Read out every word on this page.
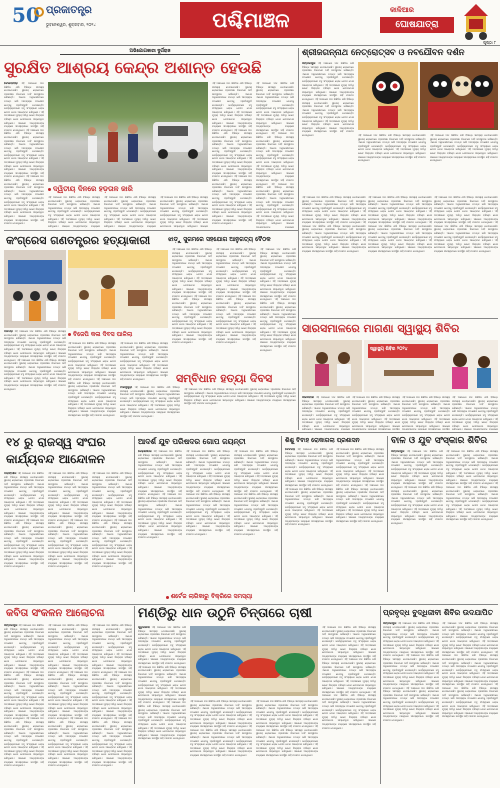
50 ପ୍ରଜାତନ୍ତ୍ର
ଭୁବନେଶ୍ୱର, ଶୁକ୍ରବାର, ୨୦୨୪	ପଶ୍ଚିମାଞ୍ଚଳ	କାଳିଆର
ଘୋଷଯାତ୍ରା
ପୃଷ୍ଠା ୮
ଅଭିଯୋଗକାରୀ ଦୁର୍ଗରାଜ
ସୁରକ୍ଷିତ ଆଶ୍ରୟ କେନ୍ଦ୍ର ଅଶାନ୍ତ ହେଉଛି
ବେଲପାହାଡ଼ ଏହି ଅଞ୍ଚଳରେ ଗତ କିଛିଦିନ ଧରି ବିଭିନ୍ନ ସମସ୍ୟା ଦେଖାଦେଇଛି। ସ୍ଥାନୀୟ ଲୋକମାନେ ପ୍ରଶାସନ ନିକଟରେ ଦାବି ଉପସ୍ଥାପନ କରିଛନ୍ତି। ଏନେଇ ଅଧିକାରୀମାନେ ତଦନ୍ତ କରି ଆବଶ୍ୟକ ପଦକ୍ଷେପ ନେବାକୁ ପ୍ରତିଶ୍ରୁତି ଦେଇଛନ୍ତି। କାର୍ଯ୍ୟକ୍ରମରେ ବହୁ ସଂଖ୍ୟାରେ ଲୋକ ଯୋଗ ଦେଇ ଆଲୋଚନା କରିଥିଲେ। ଏହି ଅବସରରେ ମୁଖ୍ୟ ଅତିଥି ଭାବେ ଜିଲ୍ଲାର ବରିଷ୍ଠ ନେତା ଯୋଗଦେଇ ସମ୍ବୋଧିତ କରିଥିଲେ। ସଭାରେ ଅନ୍ୟମାନଙ୍କ ମଧ୍ୟରେ ସଦସ୍ୟମାନେ ଉପସ୍ଥିତ ରହି ମତାମତ ଦେଇଥିଲେ। ଏହି ଅଞ୍ଚଳରେ ଗତ କିଛିଦିନ ଧରି ବିଭିନ୍ନ ସମସ୍ୟା ଦେଖାଦେଇଛି। ସ୍ଥାନୀୟ ଲୋକମାନେ ପ୍ରଶାସନ ନିକଟରେ ଦାବି ଉପସ୍ଥାପନ କରିଛନ୍ତି। ଏନେଇ ଅଧିକାରୀମାନେ ତଦନ୍ତ କରି ଆବଶ୍ୟକ ପଦକ୍ଷେପ ନେବାକୁ ପ୍ରତିଶ୍ରୁତି ଦେଇଛନ୍ତି। କାର୍ଯ୍ୟକ୍ରମରେ ବହୁ ସଂଖ୍ୟାରେ ଲୋକ ଯୋଗ ଦେଇ ଆଲୋଚନା କରିଥିଲେ। ଏହି ଅବସରରେ ମୁଖ୍ୟ ଅତିଥି ଭାବେ ଜିଲ୍ଲାର ବରିଷ୍ଠ ନେତା ଯୋଗଦେଇ ସମ୍ବୋଧିତ କରିଥିଲେ। ସଭାରେ ଅନ୍ୟମାନଙ୍କ ମଧ୍ୟରେ ସଦସ୍ୟମାନେ ଉପସ୍ଥିତ ରହି ମତାମତ ଦେଇଥିଲେ। ଏହି ଅଞ୍ଚଳରେ ଗତ କିଛିଦିନ ଧରି ବିଭିନ୍ନ ସମସ୍ୟା ଦେଖାଦେଇଛି। ସ୍ଥାନୀୟ ଲୋକମାନେ ପ୍ରଶାସନ ନିକଟରେ ଦାବି ଉପସ୍ଥାପନ କରିଛନ୍ତି। ଏନେଇ ଅଧିକାରୀମାନେ ତଦନ୍ତ କରି ଆବଶ୍ୟକ ପଦକ୍ଷେପ ନେବାକୁ ପ୍ରତିଶ୍ରୁତି ଦେଇଛନ୍ତି। କାର୍ଯ୍ୟକ୍ରମରେ ବହୁ ସଂଖ୍ୟାରେ ଲୋକ ଯୋଗ ଦେଇ ଆଲୋଚନା କରିଥିଲେ। ଏହି ଅବସରରେ ମୁଖ୍ୟ ଅତିଥି ଭାବେ ଜିଲ୍ଲାର ବରିଷ୍ଠ ନେତା ଯୋଗଦେଇ ସମ୍ବୋଧିତ କରିଥିଲେ। ସଭାରେ ଅନ୍ୟମାନଙ୍କ ମଧ୍ୟରେ ସଦସ୍ୟମାନେ ଉପସ୍ଥିତ ରହି ମତାମତ ଦେଇଥିଲେ।
ଦ୍ୱିତୀୟ ଦିନରେ ହଡ଼ତାଳ ଜାରି
ଏହି ଅଞ୍ଚଳରେ ଗତ କିଛିଦିନ ଧରି ବିଭିନ୍ନ ସମସ୍ୟା ଦେଖାଦେଇଛି। ସ୍ଥାନୀୟ ଲୋକମାନେ ପ୍ରଶାସନ ନିକଟରେ ଦାବି ଉପସ୍ଥାପନ କରିଛନ୍ତି। ଏନେଇ ଅଧିକାରୀମାନେ ତଦନ୍ତ କରି ଆବଶ୍ୟକ ପଦକ୍ଷେପ ନେବାକୁ ପ୍ରତିଶ୍ରୁତି ଦେଇଛନ୍ତି। କାର୍ଯ୍ୟକ୍ରମରେ ବହୁ ସଂଖ୍ୟାରେ ଲୋକ ଯୋଗ ଦେଇ ଆଲୋଚନା କରିଥିଲେ। ଏହି ଅବସରରେ ମୁଖ୍ୟ ଅତିଥି ଭାବେ ଜିଲ୍ଲାର ବରିଷ୍ଠ ନେତା ଯୋଗଦେଇ ସମ୍ବୋଧିତ କରିଥିଲେ। ସଭାରେ ଅନ୍ୟମାନଙ୍କ ମଧ୍ୟରେ
ଏହି ଅଞ୍ଚଳରେ ଗତ କିଛିଦିନ ଧରି ବିଭିନ୍ନ ସମସ୍ୟା ଦେଖାଦେଇଛି। ସ୍ଥାନୀୟ ଲୋକମାନେ ପ୍ରଶାସନ ନିକଟରେ ଦାବି ଉପସ୍ଥାପନ କରିଛନ୍ତି। ଏନେଇ ଅଧିକାରୀମାନେ ତଦନ୍ତ କରି ଆବଶ୍ୟକ ପଦକ୍ଷେପ ନେବାକୁ ପ୍ରତିଶ୍ରୁତି ଦେଇଛନ୍ତି। କାର୍ଯ୍ୟକ୍ରମରେ ବହୁ ସଂଖ୍ୟାରେ ଲୋକ ଯୋଗ ଦେଇ ଆଲୋଚନା କରିଥିଲେ। ଏହି ଅବସରରେ ମୁଖ୍ୟ ଅତିଥି ଭାବେ ଜିଲ୍ଲାର ବରିଷ୍ଠ ନେତା ଯୋଗଦେଇ ସମ୍ବୋଧିତ କରିଥିଲେ। ସଭାରେ ଅନ୍ୟମାନଙ୍କ ମଧ୍ୟରେ
ଏହି ଅଞ୍ଚଳରେ ଗତ କିଛିଦିନ ଧରି ବିଭିନ୍ନ ସମସ୍ୟା ଦେଖାଦେଇଛି। ସ୍ଥାନୀୟ ଲୋକମାନେ ପ୍ରଶାସନ ନିକଟରେ ଦାବି ଉପସ୍ଥାପନ କରିଛନ୍ତି। ଏନେଇ ଅଧିକାରୀମାନେ ତଦନ୍ତ କରି ଆବଶ୍ୟକ ପଦକ୍ଷେପ ନେବାକୁ ପ୍ରତିଶ୍ରୁତି ଦେଇଛନ୍ତି। କାର୍ଯ୍ୟକ୍ରମରେ ବହୁ ସଂଖ୍ୟାରେ ଲୋକ ଯୋଗ ଦେଇ ଆଲୋଚନା କରିଥିଲେ। ଏହି ଅବସରରେ ମୁଖ୍ୟ ଅତିଥି ଭାବେ ଜିଲ୍ଲାର ବରିଷ୍ଠ ନେତା ଯୋଗଦେଇ ସମ୍ବୋଧିତ କରିଥିଲେ। ସଭାରେ
ଏହି ଅଞ୍ଚଳରେ ଗତ କିଛିଦିନ ଧରି ବିଭିନ୍ନ ସମସ୍ୟା ଦେଖାଦେଇଛି। ସ୍ଥାନୀୟ ଲୋକମାନେ ପ୍ରଶାସନ ନିକଟରେ ଦାବି ଉପସ୍ଥାପନ କରିଛନ୍ତି। ଏନେଇ ଅଧିକାରୀମାନେ ତଦନ୍ତ କରି ଆବଶ୍ୟକ ପଦକ୍ଷେପ ନେବାକୁ ପ୍ରତିଶ୍ରୁତି ଦେଇଛନ୍ତି। କାର୍ଯ୍ୟକ୍ରମରେ ବହୁ ସଂଖ୍ୟାରେ ଲୋକ ଯୋଗ ଦେଇ ଆଲୋଚନା କରିଥିଲେ। ଏହି ଅବସରରେ ମୁଖ୍ୟ ଅତିଥି ଭାବେ ଜିଲ୍ଲାର ବରିଷ୍ଠ ନେତା ଯୋଗଦେଇ ସମ୍ବୋଧିତ କରିଥିଲେ। ସଭାରେ ଅନ୍ୟମାନଙ୍କ ମଧ୍ୟରେ ସଦସ୍ୟମାନେ ଉପସ୍ଥିତ ରହି ମତାମତ ଦେଇଥିଲେ। ଏହି ଅଞ୍ଚଳରେ ଗତ କିଛିଦିନ ଧରି ବିଭିନ୍ନ ସମସ୍ୟା ଦେଖାଦେଇଛି। ସ୍ଥାନୀୟ ଲୋକମାନେ ପ୍ରଶାସନ ନିକଟରେ ଦାବି ଉପସ୍ଥାପନ କରିଛନ୍ତି। ଏନେଇ ଅଧିକାରୀମାନେ ତଦନ୍ତ କରି ଆବଶ୍ୟକ ପଦକ୍ଷେପ ନେବାକୁ ପ୍ରତିଶ୍ରୁତି ଦେଇଛନ୍ତି। କାର୍ଯ୍ୟକ୍ରମରେ ବହୁ ସଂଖ୍ୟାରେ ଲୋକ ଯୋଗ ଦେଇ ଆଲୋଚନା କରିଥିଲେ। ଏହି ଅବସରରେ ମୁଖ୍ୟ ଅତିଥି ଭାବେ ଜିଲ୍ଲାର ବରିଷ୍ଠ ନେତା ଯୋଗଦେଇ ସମ୍ବୋଧିତ କରିଥିଲେ। ସଭାରେ ଅନ୍ୟମାନଙ୍କ ମଧ୍ୟରେ ସଦସ୍ୟମାନେ ଉପସ୍ଥିତ ରହି ମତାମତ ଦେଇଥିଲେ। ଏହି ଅଞ୍ଚଳରେ ଗତ କିଛିଦିନ ଧରି ବିଭିନ୍ନ ସମସ୍ୟା ଦେଖାଦେଇଛି। ସ୍ଥାନୀୟ ଲୋକମାନେ ପ୍ରଶାସନ ନିକଟରେ ଦାବି ଉପସ୍ଥାପନ କରିଛନ୍ତି। ଏନେଇ ଅଧିକାରୀମାନେ ତଦନ୍ତ କରି ଆବଶ୍ୟକ ପଦକ୍ଷେପ ନେବାକୁ ପ୍ରତିଶ୍ରୁତି ଦେଇଛନ୍ତି। କାର୍ଯ୍ୟକ୍ରମରେ ବହୁ ସଂଖ୍ୟାରେ ଲୋକ ଯୋଗ ଦେଇ ଆଲୋଚନା କରିଥିଲେ। ଏହି ଅବସରରେ ମୁଖ୍ୟ ଅତିଥି ଭାବେ ଜିଲ୍ଲାର ବରିଷ୍ଠ ନେତା ଯୋଗଦେଇ ସମ୍ବୋଧିତ କରିଥିଲେ। ସଭାରେ ଅନ୍ୟମାନଙ୍କ ମଧ୍ୟରେ ସଦସ୍ୟମାନେ ଉପସ୍ଥିତ ରହି ମତାମତ ଦେଇଥିଲେ।
ଏହି ଅଞ୍ଚଳରେ ଗତ କିଛିଦିନ ଧରି ବିଭିନ୍ନ ସମସ୍ୟା ଦେଖାଦେଇଛି। ସ୍ଥାନୀୟ ଲୋକମାନେ ପ୍ରଶାସନ ନିକଟରେ ଦାବି ଉପସ୍ଥାପନ କରିଛନ୍ତି। ଏନେଇ ଅଧିକାରୀମାନେ ତଦନ୍ତ କରି ଆବଶ୍ୟକ ପଦକ୍ଷେପ ନେବାକୁ ପ୍ରତିଶ୍ରୁତି ଦେଇଛନ୍ତି। କାର୍ଯ୍ୟକ୍ରମରେ ବହୁ ସଂଖ୍ୟାରେ ଲୋକ ଯୋଗ ଦେଇ ଆଲୋଚନା କରିଥିଲେ। ଏହି ଅବସରରେ ମୁଖ୍ୟ ଅତିଥି ଭାବେ ଜିଲ୍ଲାର ବରିଷ୍ଠ ନେତା ଯୋଗଦେଇ ସମ୍ବୋଧିତ କରିଥିଲେ। ସଭାରେ ଅନ୍ୟମାନଙ୍କ ମଧ୍ୟରେ ସଦସ୍ୟମାନେ ଉପସ୍ଥିତ ରହି ମତାମତ ଦେଇଥିଲେ। ଏହି ଅଞ୍ଚଳରେ ଗତ କିଛିଦିନ ଧରି ବିଭିନ୍ନ ସମସ୍ୟା ଦେଖାଦେଇଛି। ସ୍ଥାନୀୟ ଲୋକମାନେ ପ୍ରଶାସନ ନିକଟରେ ଦାବି ଉପସ୍ଥାପନ କରିଛନ୍ତି। ଏନେଇ ଅଧିକାରୀମାନେ ତଦନ୍ତ କରି ଆବଶ୍ୟକ ପଦକ୍ଷେପ ନେବାକୁ ପ୍ରତିଶ୍ରୁତି ଦେଇଛନ୍ତି। କାର୍ଯ୍ୟକ୍ରମରେ ବହୁ ସଂଖ୍ୟାରେ ଲୋକ ଯୋଗ ଦେଇ ଆଲୋଚନା କରିଥିଲେ। ଏହି ଅବସରରେ ମୁଖ୍ୟ ଅତିଥି ଭାବେ ଜିଲ୍ଲାର ବରିଷ୍ଠ ନେତା ଯୋଗଦେଇ ସମ୍ବୋଧିତ କରିଥିଲେ। ସଭାରେ ଅନ୍ୟମାନଙ୍କ ମଧ୍ୟରେ ସଦସ୍ୟମାନେ ଉପସ୍ଥିତ ରହି ମତାମତ ଦେଇଥିଲେ। ଏହି ଅଞ୍ଚଳରେ ଗତ କିଛିଦିନ ଧରି ବିଭିନ୍ନ ସମସ୍ୟା ଦେଖାଦେଇଛି। ସ୍ଥାନୀୟ ଲୋକମାନେ ପ୍ରଶାସନ ନିକଟରେ ଦାବି ଉପସ୍ଥାପନ କରିଛନ୍ତି। ଏନେଇ ଅଧିକାରୀମାନେ ତଦନ୍ତ କରି ଆବଶ୍ୟକ ପଦକ୍ଷେପ ନେବାକୁ ପ୍ରତିଶ୍ରୁତି ଦେଇଛନ୍ତି। କାର୍ଯ୍ୟକ୍ରମରେ ବହୁ ସଂଖ୍ୟାରେ ଲୋକ ଯୋଗ ଦେଇ ଆଲୋଚନା କରିଥିଲେ। ଏହି ଅବସରରେ ମୁଖ୍ୟ ଅତିଥି ଭାବେ ଜିଲ୍ଲାର ବରିଷ୍ଠ ନେତା ଯୋଗଦେଇ ସମ୍ବୋଧିତ କରିଥିଲେ। ସଭାରେ ଅନ୍ୟମାନଙ୍କ ମଧ୍ୟରେ
ଶ୍ରୀଜଗନ୍ନାଥ ନେତ୍ରୋତ୍ସବ ଓ ନବଯୌବନ ଦର୍ଶନ
ସମ୍ବଲପୁର ଏହି ଅଞ୍ଚଳରେ ଗତ କିଛିଦିନ ଧରି ବିଭିନ୍ନ ସମସ୍ୟା ଦେଖାଦେଇଛି। ସ୍ଥାନୀୟ ଲୋକମାନେ ପ୍ରଶାସନ ନିକଟରେ ଦାବି ଉପସ୍ଥାପନ କରିଛନ୍ତି। ଏନେଇ ଅଧିକାରୀମାନେ ତଦନ୍ତ କରି ଆବଶ୍ୟକ ପଦକ୍ଷେପ ନେବାକୁ ପ୍ରତିଶ୍ରୁତି ଦେଇଛନ୍ତି। କାର୍ଯ୍ୟକ୍ରମରେ ବହୁ ସଂଖ୍ୟାରେ ଲୋକ ଯୋଗ ଦେଇ ଆଲୋଚନା କରିଥିଲେ। ଏହି ଅବସରରେ ମୁଖ୍ୟ ଅତିଥି ଭାବେ ଜିଲ୍ଲାର ବରିଷ୍ଠ ନେତା ଯୋଗଦେଇ ସମ୍ବୋଧିତ କରିଥିଲେ। ସଭାରେ ଅନ୍ୟମାନଙ୍କ ମଧ୍ୟରେ ସଦସ୍ୟମାନେ ଉପସ୍ଥିତ ରହି ମତାମତ ଦେଇଥିଲେ। ଏହି ଅଞ୍ଚଳରେ ଗତ କିଛିଦିନ ଧରି ବିଭିନ୍ନ ସମସ୍ୟା ଦେଖାଦେଇଛି। ସ୍ଥାନୀୟ ଲୋକମାନେ ପ୍ରଶାସନ ନିକଟରେ ଦାବି ଉପସ୍ଥାପନ କରିଛନ୍ତି। ଏନେଇ ଅଧିକାରୀମାନେ ତଦନ୍ତ କରି ଆବଶ୍ୟକ ପଦକ୍ଷେପ ନେବାକୁ ପ୍ରତିଶ୍ରୁତି ଦେଇଛନ୍ତି। କାର୍ଯ୍ୟକ୍ରମରେ ବହୁ ସଂଖ୍ୟାରେ ଲୋକ ଯୋଗ ଦେଇ ଆଲୋଚନା କରିଥିଲେ। ଏହି ଅବସରରେ ମୁଖ୍ୟ ଅତିଥି ଭାବେ ଜିଲ୍ଲାର ବରିଷ୍ଠ ନେତା ଯୋଗଦେଇ ସମ୍ବୋଧିତ କରିଥିଲେ। ସଭାରେ ଅନ୍ୟମାନଙ୍କ ମଧ୍ୟରେ ସଦସ୍ୟମାନେ ଉପସ୍ଥିତ ରହି ମତାମତ ଦେଇଥିଲେ।	ଏହି ଅଞ୍ଚଳରେ ଗତ କିଛିଦିନ ଧରି ବିଭିନ୍ନ ସମସ୍ୟା ଦେଖାଦେଇଛି। ସ୍ଥାନୀୟ ଲୋକମାନେ ପ୍ରଶାସନ ନିକଟରେ ଦାବି ଉପସ୍ଥାପନ କରିଛନ୍ତି। ଏନେଇ ଅଧିକାରୀମାନେ ତଦନ୍ତ କରି ଆବଶ୍ୟକ ପଦକ୍ଷେପ ନେବାକୁ ପ୍ରତିଶ୍ରୁତି ଦେଇଛନ୍ତି। କାର୍ଯ୍ୟକ୍ରମରେ ବହୁ ସଂଖ୍ୟାରେ ଲୋକ ଯୋଗ ଦେଇ ଆଲୋଚନା କରିଥିଲେ। ଏହି ଅବସରରେ ମୁଖ୍ୟ ଅତିଥି ଭାବେ ଜିଲ୍ଲାର ବରିଷ୍ଠ ନେତା ଯୋଗଦେଇ ସମ୍ବୋଧିତ କରିଥିଲେ। ସଭାରେ ଅନ୍ୟମାନଙ୍କ ମଧ୍ୟରେ ସଦସ୍ୟମାନେ ଉପସ୍ଥିତ ରହି ମତାମତ ଦେଇଥିଲେ।
ଏହି ଅଞ୍ଚଳରେ ଗତ କିଛିଦିନ ଧରି ବିଭିନ୍ନ ସମସ୍ୟା ଦେଖାଦେଇଛି। ସ୍ଥାନୀୟ ଲୋକମାନେ ପ୍ରଶାସନ ନିକଟରେ ଦାବି ଉପସ୍ଥାପନ କରିଛନ୍ତି। ଏନେଇ ଅଧିକାରୀମାନେ ତଦନ୍ତ କରି ଆବଶ୍ୟକ ପଦକ୍ଷେପ ନେବାକୁ ପ୍ରତିଶ୍ରୁତି ଦେଇଛନ୍ତି। କାର୍ଯ୍ୟକ୍ରମରେ ବହୁ ସଂଖ୍ୟାରେ ଲୋକ ଯୋଗ ଦେଇ ଆଲୋଚନା କରିଥିଲେ। ଏହି ଅବସରରେ ମୁଖ୍ୟ ଅତିଥି ଭାବେ ଜିଲ୍ଲାର ବରିଷ୍ଠ ନେତା ଯୋଗଦେଇ ସମ୍ବୋଧିତ କରିଥିଲେ। ସଭାରେ ଅନ୍ୟମାନଙ୍କ ମଧ୍ୟରେ ସଦସ୍ୟମାନେ ଉପସ୍ଥିତ ରହି ମତାମତ ଦେଇଥିଲେ।
ଏହି ଅଞ୍ଚଳରେ ଗତ କିଛିଦିନ ଧରି ବିଭିନ୍ନ ସମସ୍ୟା ଦେଖାଦେଇଛି। ସ୍ଥାନୀୟ ଲୋକମାନେ ପ୍ରଶାସନ ନିକଟରେ ଦାବି ଉପସ୍ଥାପନ କରିଛନ୍ତି। ଏନେଇ ଅଧିକାରୀମାନେ ତଦନ୍ତ କରି ଆବଶ୍ୟକ ପଦକ୍ଷେପ ନେବାକୁ ପ୍ରତିଶ୍ରୁତି ଦେଇଛନ୍ତି। କାର୍ଯ୍ୟକ୍ରମରେ ବହୁ ସଂଖ୍ୟାରେ ଲୋକ ଯୋଗ ଦେଇ ଆଲୋଚନା କରିଥିଲେ। ଏହି ଅବସରରେ ମୁଖ୍ୟ ଅତିଥି ଭାବେ ଜିଲ୍ଲାର ବରିଷ୍ଠ ନେତା ଯୋଗଦେଇ ସମ୍ବୋଧିତ କରିଥିଲେ। ସଭାରେ ଅନ୍ୟମାନଙ୍କ ମଧ୍ୟରେ ସଦସ୍ୟମାନେ ଉପସ୍ଥିତ ରହି ମତାମତ ଦେଇଥିଲେ। ଏହି ଅଞ୍ଚଳରେ ଗତ କିଛିଦିନ ଧରି ବିଭିନ୍ନ ସମସ୍ୟା ଦେଖାଦେଇଛି। ସ୍ଥାନୀୟ ଲୋକମାନେ ପ୍ରଶାସନ ନିକଟରେ ଦାବି ଉପସ୍ଥାପନ କରିଛନ୍ତି। ଏନେଇ ଅଧିକାରୀମାନେ ତଦନ୍ତ କରି ଆବଶ୍ୟକ ପଦକ୍ଷେପ ନେବାକୁ ପ୍ରତିଶ୍ରୁତି ଦେଇଛନ୍ତି। କାର୍ଯ୍ୟକ୍ରମରେ ବହୁ ସଂଖ୍ୟାରେ ଲୋକ ଯୋଗ ଦେଇ ଆଲୋଚନା କରିଥିଲେ। ଏହି ଅବସରରେ ମୁଖ୍ୟ ଅତିଥି ଭାବେ ଜିଲ୍ଲାର ବରିଷ୍ଠ ନେତା ଯୋଗଦେଇ ସମ୍ବୋଧିତ କରିଥିଲେ। ସଭାରେ ଅନ୍ୟମାନଙ୍କ ମଧ୍ୟରେ ସଦସ୍ୟମାନେ ଉପସ୍ଥିତ ରହି ମତାମତ ଦେଇଥିଲେ।
ଏହି ଅଞ୍ଚଳରେ ଗତ କିଛିଦିନ ଧରି ବିଭିନ୍ନ ସମସ୍ୟା ଦେଖାଦେଇଛି। ସ୍ଥାନୀୟ ଲୋକମାନେ ପ୍ରଶାସନ ନିକଟରେ ଦାବି ଉପସ୍ଥାପନ କରିଛନ୍ତି। ଏନେଇ ଅଧିକାରୀମାନେ ତଦନ୍ତ କରି ଆବଶ୍ୟକ ପଦକ୍ଷେପ ନେବାକୁ ପ୍ରତିଶ୍ରୁତି ଦେଇଛନ୍ତି। କାର୍ଯ୍ୟକ୍ରମରେ ବହୁ ସଂଖ୍ୟାରେ ଲୋକ ଯୋଗ ଦେଇ ଆଲୋଚନା କରିଥିଲେ। ଏହି ଅବସରରେ ମୁଖ୍ୟ ଅତିଥି ଭାବେ ଜିଲ୍ଲାର ବରିଷ୍ଠ ନେତା ଯୋଗଦେଇ ସମ୍ବୋଧିତ କରିଥିଲେ। ସଭାରେ ଅନ୍ୟମାନଙ୍କ ମଧ୍ୟରେ ସଦସ୍ୟମାନେ ଉପସ୍ଥିତ ରହି ମତାମତ ଦେଇଥିଲେ। ଏହି ଅଞ୍ଚଳରେ ଗତ କିଛିଦିନ ଧରି ବିଭିନ୍ନ ସମସ୍ୟା ଦେଖାଦେଇଛି। ସ୍ଥାନୀୟ ଲୋକମାନେ ପ୍ରଶାସନ ନିକଟରେ ଦାବି ଉପସ୍ଥାପନ କରିଛନ୍ତି। ଏନେଇ ଅଧିକାରୀମାନେ ତଦନ୍ତ କରି ଆବଶ୍ୟକ ପଦକ୍ଷେପ ନେବାକୁ ପ୍ରତିଶ୍ରୁତି ଦେଇଛନ୍ତି। କାର୍ଯ୍ୟକ୍ରମରେ ବହୁ ସଂଖ୍ୟାରେ ଲୋକ ଯୋଗ ଦେଇ ଆଲୋଚନା କରିଥିଲେ। ଏହି ଅବସରରେ ମୁଖ୍ୟ ଅତିଥି ଭାବେ ଜିଲ୍ଲାର ବରିଷ୍ଠ ନେତା ଯୋଗଦେଇ ସମ୍ବୋଧିତ କରିଥିଲେ। ସଭାରେ ଅନ୍ୟମାନଙ୍କ ମଧ୍ୟରେ ସଦସ୍ୟମାନେ ଉପସ୍ଥିତ ରହି ମତାମତ ଦେଇଥିଲେ।
ଏହି ଅଞ୍ଚଳରେ ଗତ କିଛିଦିନ ଧରି ବିଭିନ୍ନ ସମସ୍ୟା ଦେଖାଦେଇଛି। ସ୍ଥାନୀୟ ଲୋକମାନେ ପ୍ରଶାସନ ନିକଟରେ ଦାବି ଉପସ୍ଥାପନ କରିଛନ୍ତି। ଏନେଇ ଅଧିକାରୀମାନେ ତଦନ୍ତ କରି ଆବଶ୍ୟକ ପଦକ୍ଷେପ ନେବାକୁ ପ୍ରତିଶ୍ରୁତି ଦେଇଛନ୍ତି। କାର୍ଯ୍ୟକ୍ରମରେ ବହୁ ସଂଖ୍ୟାରେ ଲୋକ ଯୋଗ ଦେଇ ଆଲୋଚନା କରିଥିଲେ। ଏହି ଅବସରରେ ମୁଖ୍ୟ ଅତିଥି ଭାବେ ଜିଲ୍ଲାର ବରିଷ୍ଠ ନେତା ଯୋଗଦେଇ ସମ୍ବୋଧିତ କରିଥିଲେ। ସଭାରେ ଅନ୍ୟମାନଙ୍କ ମଧ୍ୟରେ ସଦସ୍ୟମାନେ ଉପସ୍ଥିତ ରହି ମତାମତ ଦେଇଥିଲେ। ଏହି ଅଞ୍ଚଳରେ ଗତ କିଛିଦିନ ଧରି ବିଭିନ୍ନ ସମସ୍ୟା ଦେଖାଦେଇଛି। ସ୍ଥାନୀୟ ଲୋକମାନେ ପ୍ରଶାସନ ନିକଟରେ ଦାବି ଉପସ୍ଥାପନ କରିଛନ୍ତି। ଏନେଇ ଅଧିକାରୀମାନେ ତଦନ୍ତ କରି ଆବଶ୍ୟକ ପଦକ୍ଷେପ ନେବାକୁ ପ୍ରତିଶ୍ରୁତି ଦେଇଛନ୍ତି। କାର୍ଯ୍ୟକ୍ରମରେ ବହୁ ସଂଖ୍ୟାରେ ଲୋକ ଯୋଗ ଦେଇ ଆଲୋଚନା କରିଥିଲେ। ଏହି ଅବସରରେ ମୁଖ୍ୟ ଅତିଥି ଭାବେ ଜିଲ୍ଲାର ବରିଷ୍ଠ ନେତା ଯୋଗଦେଇ ସମ୍ବୋଧିତ କରିଥିଲେ। ସଭାରେ ଅନ୍ୟମାନଙ୍କ ମଧ୍ୟରେ ସଦସ୍ୟମାନେ ଉପସ୍ଥିତ ରହି ମତାମତ ଦେଇଥିଲେ।
କଂଗ୍ରେସ ଗଣତନ୍ତ୍ରର ହତ୍ୟାକାରୀ	ଝାଡ଼ୁ ସୁଗମରେ ସହଯୋଗ ଆନୁଗତ୍ୟ ବୈଠକ
ବିଜେପି କଳା ଦିବସ ପାଳିଲା
ବରଗଡ଼ ଏହି ଅଞ୍ଚଳରେ ଗତ କିଛିଦିନ ଧରି ବିଭିନ୍ନ ସମସ୍ୟା ଦେଖାଦେଇଛି। ସ୍ଥାନୀୟ ଲୋକମାନେ ପ୍ରଶାସନ ନିକଟରେ ଦାବି ଉପସ୍ଥାପନ କରିଛନ୍ତି। ଏନେଇ ଅଧିକାରୀମାନେ ତଦନ୍ତ କରି ଆବଶ୍ୟକ ପଦକ୍ଷେପ ନେବାକୁ ପ୍ରତିଶ୍ରୁତି ଦେଇଛନ୍ତି। କାର୍ଯ୍ୟକ୍ରମରେ ବହୁ ସଂଖ୍ୟାରେ ଲୋକ ଯୋଗ ଦେଇ ଆଲୋଚନା କରିଥିଲେ। ଏହି ଅବସରରେ ମୁଖ୍ୟ ଅତିଥି ଭାବେ ଜିଲ୍ଲାର ବରିଷ୍ଠ ନେତା ଯୋଗଦେଇ ସମ୍ବୋଧିତ କରିଥିଲେ। ସଭାରେ ଅନ୍ୟମାନଙ୍କ ମଧ୍ୟରେ ସଦସ୍ୟମାନେ ଉପସ୍ଥିତ ରହି ମତାମତ ଦେଇଥିଲେ। ଏହି ଅଞ୍ଚଳରେ ଗତ କିଛିଦିନ ଧରି ବିଭିନ୍ନ ସମସ୍ୟା ଦେଖାଦେଇଛି। ସ୍ଥାନୀୟ ଲୋକମାନେ ପ୍ରଶାସନ ନିକଟରେ ଦାବି ଉପସ୍ଥାପନ କରିଛନ୍ତି। ଏନେଇ ଅଧିକାରୀମାନେ ତଦନ୍ତ କରି ଆବଶ୍ୟକ ପଦକ୍ଷେପ ନେବାକୁ ପ୍ରତିଶ୍ରୁତି ଦେଇଛନ୍ତି। କାର୍ଯ୍ୟକ୍ରମରେ ବହୁ ସଂଖ୍ୟାରେ ଲୋକ ଯୋଗ ଦେଇ ଆଲୋଚନା କରିଥିଲେ। ଏହି ଅବସରରେ ମୁଖ୍ୟ ଅତିଥି ଭାବେ ଜିଲ୍ଲାର ବରିଷ୍ଠ ନେତା ଯୋଗଦେଇ ସମ୍ବୋଧିତ କରିଥିଲେ। ସଭାରେ ଅନ୍ୟମାନଙ୍କ ମଧ୍ୟରେ ସଦସ୍ୟମାନେ ଉପସ୍ଥିତ ରହି ମତାମତ ଦେଇଥିଲେ।
ଏହି ଅଞ୍ଚଳରେ ଗତ କିଛିଦିନ ଧରି ବିଭିନ୍ନ ସମସ୍ୟା ଦେଖାଦେଇଛି। ସ୍ଥାନୀୟ ଲୋକମାନେ ପ୍ରଶାସନ ନିକଟରେ ଦାବି ଉପସ୍ଥାପନ କରିଛନ୍ତି। ଏନେଇ ଅଧିକାରୀମାନେ ତଦନ୍ତ କରି ଆବଶ୍ୟକ ପଦକ୍ଷେପ ନେବାକୁ ପ୍ରତିଶ୍ରୁତି ଦେଇଛନ୍ତି। କାର୍ଯ୍ୟକ୍ରମରେ ବହୁ ସଂଖ୍ୟାରେ ଲୋକ ଯୋଗ ଦେଇ ଆଲୋଚନା କରିଥିଲେ। ଏହି ଅବସରରେ ମୁଖ୍ୟ ଅତିଥି ଭାବେ ଜିଲ୍ଲାର ବରିଷ୍ଠ ନେତା ଯୋଗଦେଇ ସମ୍ବୋଧିତ କରିଥିଲେ। ସଭାରେ ଅନ୍ୟମାନଙ୍କ ମଧ୍ୟରେ ସଦସ୍ୟମାନେ ଉପସ୍ଥିତ ରହି ମତାମତ ଦେଇଥିଲେ। ଏହି ଅଞ୍ଚଳରେ ଗତ କିଛିଦିନ ଧରି ବିଭିନ୍ନ ସମସ୍ୟା ଦେଖାଦେଇଛି। ସ୍ଥାନୀୟ ଲୋକମାନେ ପ୍ରଶାସନ ନିକଟରେ ଦାବି ଉପସ୍ଥାପନ କରିଛନ୍ତି। ଏନେଇ ଅଧିକାରୀମାନେ ତଦନ୍ତ କରି ଆବଶ୍ୟକ ପଦକ୍ଷେପ ନେବାକୁ ପ୍ରତିଶ୍ରୁତି ଦେଇଛନ୍ତି। କାର୍ଯ୍ୟକ୍ରମରେ ବହୁ ସଂଖ୍ୟାରେ ଲୋକ ଯୋଗ ଦେଇ ଆଲୋଚନା କରିଥିଲେ। ଏହି ଅବସରରେ ମୁଖ୍ୟ ଅତିଥି ଭାବେ ଜିଲ୍ଲାର ବରିଷ୍ଠ ନେତା ଯୋଗଦେଇ ସମ୍ବୋଧିତ କରିଥିଲେ। ସଭାରେ ଅନ୍ୟମାନଙ୍କ ମଧ୍ୟରେ ସଦସ୍ୟମାନେ ଉପସ୍ଥିତ ରହି ମତାମତ ଦେଇଥିଲେ।
ଏହି ଅଞ୍ଚଳରେ ଗତ କିଛିଦିନ ଧରି ବିଭିନ୍ନ ସମସ୍ୟା ଦେଖାଦେଇଛି। ସ୍ଥାନୀୟ ଲୋକମାନେ ପ୍ରଶାସନ ନିକଟରେ ଦାବି ଉପସ୍ଥାପନ କରିଛନ୍ତି। ଏନେଇ ଅଧିକାରୀମାନେ ତଦନ୍ତ କରି ଆବଶ୍ୟକ ପଦକ୍ଷେପ ନେବାକୁ ପ୍ରତିଶ୍ରୁତି ଦେଇଛନ୍ତି। କାର୍ଯ୍ୟକ୍ରମରେ ବହୁ ସଂଖ୍ୟାରେ ଲୋକ ଯୋଗ ଦେଇ ଆଲୋଚନା କରିଥିଲେ। ଏହି ଅବସରରେ ମୁଖ୍ୟ ଅତିଥି ଭାବେ ଜିଲ୍ଲାର ବରିଷ୍ଠ ନେତା ଯୋଗଦେଇ ସମ୍ବୋଧିତ କରିଥିଲେ। ସଭାରେ ଅନ୍ୟମାନଙ୍କ ମଧ୍ୟରେ ସଦସ୍ୟମାନେ ଉପସ୍ଥିତ ରହି ମତାମତ ଦେଇଥିଲେ।
ଏହି ଅଞ୍ଚଳରେ ଗତ କିଛିଦିନ ଧରି ବିଭିନ୍ନ ସମସ୍ୟା ଦେଖାଦେଇଛି। ସ୍ଥାନୀୟ ଲୋକମାନେ ପ୍ରଶାସନ ନିକଟରେ ଦାବି ଉପସ୍ଥାପନ କରିଛନ୍ତି। ଏନେଇ ଅଧିକାରୀମାନେ ତଦନ୍ତ କରି ଆବଶ୍ୟକ ପଦକ୍ଷେପ ନେବାକୁ ପ୍ରତିଶ୍ରୁତି ଦେଇଛନ୍ତି। କାର୍ଯ୍ୟକ୍ରମରେ ବହୁ ସଂଖ୍ୟାରେ ଲୋକ ଯୋଗ ଦେଇ ଆଲୋଚନା କରିଥିଲେ। ଏହି ଅବସରରେ ମୁଖ୍ୟ ଅତିଥି ଭାବେ ଜିଲ୍ଲାର ବରିଷ୍ଠ ନେତା ଯୋଗଦେଇ ସମ୍ବୋଧିତ କରିଥିଲେ। ସଭାରେ ଅନ୍ୟମାନଙ୍କ ମଧ୍ୟରେ ସଦସ୍ୟମାନେ ଉପସ୍ଥିତ ରହି ମତାମତ ଦେଇଥିଲେ। ଏହି ଅଞ୍ଚଳରେ ଗତ କିଛିଦିନ ଧରି ବିଭିନ୍ନ ସମସ୍ୟା ଦେଖାଦେଇଛି। ସ୍ଥାନୀୟ ଲୋକମାନେ ପ୍ରଶାସନ ନିକଟରେ ଦାବି ଉପସ୍ଥାପନ କରିଛନ୍ତି। ଏନେଇ ଅଧିକାରୀମାନେ ତଦନ୍ତ କରି ଆବଶ୍ୟକ ପଦକ୍ଷେପ ନେବାକୁ ପ୍ରତିଶ୍ରୁତି ଦେଇଛନ୍ତି। କାର୍ଯ୍ୟକ୍ରମରେ ବହୁ ସଂଖ୍ୟାରେ ଲୋକ ଯୋଗ ଦେଇ ଆଲୋଚନା କରିଥିଲେ। ଏହି ଅବସରରେ ମୁଖ୍ୟ ଅତିଥି ଭାବେ ଜିଲ୍ଲାର ବରିଷ୍ଠ ନେତା ଯୋଗଦେଇ ସମ୍ବୋଧିତ କରିଥିଲେ। ସଭାରେ ଅନ୍ୟମାନଙ୍କ ମଧ୍ୟରେ ସଦସ୍ୟମାନେ ଉପସ୍ଥିତ ରହି ମତାମତ ଦେଇଥିଲେ।
ଏହି ଅଞ୍ଚଳରେ ଗତ କିଛିଦିନ ଧରି ବିଭିନ୍ନ ସମସ୍ୟା ଦେଖାଦେଇଛି। ସ୍ଥାନୀୟ ଲୋକମାନେ ପ୍ରଶାସନ ନିକଟରେ ଦାବି ଉପସ୍ଥାପନ କରିଛନ୍ତି। ଏନେଇ ଅଧିକାରୀମାନେ ତଦନ୍ତ କରି ଆବଶ୍ୟକ ପଦକ୍ଷେପ ନେବାକୁ ପ୍ରତିଶ୍ରୁତି ଦେଇଛନ୍ତି। କାର୍ଯ୍ୟକ୍ରମରେ ବହୁ ସଂଖ୍ୟାରେ ଲୋକ ଯୋଗ ଦେଇ ଆଲୋଚନା କରିଥିଲେ। ଏହି ଅବସରରେ ମୁଖ୍ୟ ଅତିଥି ଭାବେ ଜିଲ୍ଲାର ବରିଷ୍ଠ ନେତା ଯୋଗଦେଇ ସମ୍ବୋଧିତ କରିଥିଲେ। ସଭାରେ ଅନ୍ୟମାନଙ୍କ ମଧ୍ୟରେ ସଦସ୍ୟମାନେ ଉପସ୍ଥିତ ରହି ମତାମତ ଦେଇଥିଲେ। ଏହି ଅଞ୍ଚଳରେ ଗତ କିଛିଦିନ ଧରି ବିଭିନ୍ନ ସମସ୍ୟା ଦେଖାଦେଇଛି। ସ୍ଥାନୀୟ ଲୋକମାନେ ପ୍ରଶାସନ ନିକଟରେ ଦାବି ଉପସ୍ଥାପନ କରିଛନ୍ତି। ଏନେଇ ଅଧିକାରୀମାନେ ତଦନ୍ତ କରି ଆବଶ୍ୟକ ପଦକ୍ଷେପ ନେବାକୁ ପ୍ରତିଶ୍ରୁତି ଦେଇଛନ୍ତି। କାର୍ଯ୍ୟକ୍ରମରେ ବହୁ ସଂଖ୍ୟାରେ ଲୋକ ଯୋଗ ଦେଇ ଆଲୋଚନା କରିଥିଲେ। ଏହି ଅବସରରେ ମୁଖ୍ୟ ଅତିଥି ଭାବେ ଜିଲ୍ଲାର ବରିଷ୍ଠ ନେତା ଯୋଗଦେଇ ସମ୍ବୋଧିତ କରିଥିଲେ। ସଭାରେ ଅନ୍ୟମାନଙ୍କ ମଧ୍ୟରେ ସଦସ୍ୟମାନେ ଉପସ୍ଥିତ ରହି ମତାମତ ଦେଇଥିଲେ।
ଏହି ଅଞ୍ଚଳରେ ଗତ କିଛିଦିନ ଧରି ବିଭିନ୍ନ ସମସ୍ୟା ଦେଖାଦେଇଛି। ସ୍ଥାନୀୟ ଲୋକମାନେ ପ୍ରଶାସନ ନିକଟରେ ଦାବି ଉପସ୍ଥାପନ କରିଛନ୍ତି। ଏନେଇ ଅଧିକାରୀମାନେ ତଦନ୍ତ କରି ଆବଶ୍ୟକ ପଦକ୍ଷେପ ନେବାକୁ ପ୍ରତିଶ୍ରୁତି ଦେଇଛନ୍ତି। କାର୍ଯ୍ୟକ୍ରମରେ ବହୁ ସଂଖ୍ୟାରେ ଲୋକ ଯୋଗ ଦେଇ ଆଲୋଚନା କରିଥିଲେ। ଏହି ଅବସରରେ ମୁଖ୍ୟ ଅତିଥି ଭାବେ ଜିଲ୍ଲାର ବରିଷ୍ଠ ନେତା ଯୋଗଦେଇ ସମ୍ବୋଧିତ କରିଥିଲେ। ସଭାରେ ଅନ୍ୟମାନଙ୍କ ମଧ୍ୟରେ ସଦସ୍ୟମାନେ ଉପସ୍ଥିତ ରହି ମତାମତ ଦେଇଥିଲେ। ଏହି ଅଞ୍ଚଳରେ ଗତ କିଛିଦିନ ଧରି ବିଭିନ୍ନ ସମସ୍ୟା ଦେଖାଦେଇଛି। ସ୍ଥାନୀୟ ଲୋକମାନେ ପ୍ରଶାସନ ନିକଟରେ ଦାବି ଉପସ୍ଥାପନ କରିଛନ୍ତି। ଏନେଇ ଅଧିକାରୀମାନେ ତଦନ୍ତ କରି ଆବଶ୍ୟକ ପଦକ୍ଷେପ ନେବାକୁ ପ୍ରତିଶ୍ରୁତି ଦେଇଛନ୍ତି। କାର୍ଯ୍ୟକ୍ରମରେ ବହୁ ସଂଖ୍ୟାରେ ଲୋକ ଯୋଗ ଦେଇ ଆଲୋଚନା କରିଥିଲେ। ଏହି ଅବସରରେ ମୁଖ୍ୟ ଅତିଥି ଭାବେ ଜିଲ୍ଲାର ବରିଷ୍ଠ ନେତା ଯୋଗଦେଇ ସମ୍ବୋଧିତ କରିଥିଲେ। ସଭାରେ ଅନ୍ୟମାନଙ୍କ ମଧ୍ୟରେ ସଦସ୍ୟମାନେ ଉପସ୍ଥିତ ରହି ମତାମତ ଦେଇଥିଲେ।
ସମ୍ବିଧାନ ହତ୍ୟା ଦିବସ
ଝାରସୁଗୁଡ଼ା ଏହି ଅଞ୍ଚଳରେ ଗତ କିଛିଦିନ ଧରି ବିଭିନ୍ନ ସମସ୍ୟା ଦେଖାଦେଇଛି। ସ୍ଥାନୀୟ ଲୋକମାନେ ପ୍ରଶାସନ ନିକଟରେ ଦାବି ଉପସ୍ଥାପନ କରିଛନ୍ତି। ଏନେଇ ଅଧିକାରୀମାନେ ତଦନ୍ତ କରି ଆବଶ୍ୟକ ପଦକ୍ଷେପ ନେବାକୁ ପ୍ରତିଶ୍ରୁତି ଦେଇଛନ୍ତି। କାର୍ଯ୍ୟକ୍ରମରେ ବହୁ ସଂଖ୍ୟାରେ ଲୋକ ଯୋଗ ଦେଇ ଆଲୋଚନା କରିଥିଲେ। ଏହି ଅବସରରେ ମୁଖ୍ୟ ଅତିଥି ଭାବେ ଜିଲ୍ଲାର ବରିଷ୍ଠ ନେତା ଯୋଗଦେଇ ସମ୍ବୋଧିତ କରିଥିଲେ। ସଭାରେ ଅନ୍ୟମାନଙ୍କ ମଧ୍ୟରେ ସଦସ୍ୟମାନେ ଉପସ୍ଥିତ ରହି ମତାମତ ଦେଇଥିଲେ।
ଏହି ଅଞ୍ଚଳରେ ଗତ କିଛିଦିନ ଧରି ବିଭିନ୍ନ ସମସ୍ୟା ଦେଖାଦେଇଛି। ସ୍ଥାନୀୟ ଲୋକମାନେ ପ୍ରଶାସନ ନିକଟରେ ଦାବି ଉପସ୍ଥାପନ କରିଛନ୍ତି। ଏନେଇ ଅଧିକାରୀମାନେ ତଦନ୍ତ କରି ଆବଶ୍ୟକ ପଦକ୍ଷେପ ନେବାକୁ ପ୍ରତିଶ୍ରୁତି ଦେଇଛନ୍ତି। କାର୍ଯ୍ୟକ୍ରମରେ ବହୁ ସଂଖ୍ୟାରେ ଲୋକ ଯୋଗ ଦେଇ ଆଲୋଚନା କରିଥିଲେ। ଏହି ଅବସରରେ ମୁଖ୍ୟ ଅତିଥି ଭାବେ ଜିଲ୍ଲାର ବରିଷ୍ଠ ନେତା ଯୋଗଦେଇ ସମ୍ବୋଧିତ କରିଥିଲେ। ସଭାରେ ଅନ୍ୟମାନଙ୍କ ମଧ୍ୟରେ ସଦସ୍ୟମାନେ ଉପସ୍ଥିତ ରହି ମତାମତ ଦେଇଥିଲେ।
ସାରସମାଳରେ ମାଗଣା ସ୍ୱାସ୍ଥ୍ୟ ଶିବିର
ସ୍ୱାସ୍ଥ୍ୟ ଶିବିର ୨୦୨୪
ସାରସମାଳ ଏହି ଅଞ୍ଚଳରେ ଗତ କିଛିଦିନ ଧରି ବିଭିନ୍ନ ସମସ୍ୟା ଦେଖାଦେଇଛି। ସ୍ଥାନୀୟ ଲୋକମାନେ ପ୍ରଶାସନ ନିକଟରେ ଦାବି ଉପସ୍ଥାପନ କରିଛନ୍ତି। ଏନେଇ ଅଧିକାରୀମାନେ ତଦନ୍ତ କରି ଆବଶ୍ୟକ ପଦକ୍ଷେପ ନେବାକୁ ପ୍ରତିଶ୍ରୁତି ଦେଇଛନ୍ତି। କାର୍ଯ୍ୟକ୍ରମରେ ବହୁ ସଂଖ୍ୟାରେ ଲୋକ ଯୋଗ ଦେଇ ଆଲୋଚନା କରିଥିଲେ। ଏହି ଅବସରରେ ମୁଖ୍ୟ ଅତିଥି ଭାବେ ଜିଲ୍ଲାର ବରିଷ୍ଠ ନେତା ଯୋଗଦେଇ ସମ୍ବୋଧିତ କରିଥିଲେ। ସଭାରେ ଅନ୍ୟମାନଙ୍କ ମଧ୍ୟରେ
ଏହି ଅଞ୍ଚଳରେ ଗତ କିଛିଦିନ ଧରି ବିଭିନ୍ନ ସମସ୍ୟା ଦେଖାଦେଇଛି। ସ୍ଥାନୀୟ ଲୋକମାନେ ପ୍ରଶାସନ ନିକଟରେ ଦାବି ଉପସ୍ଥାପନ କରିଛନ୍ତି। ଏନେଇ ଅଧିକାରୀମାନେ ତଦନ୍ତ କରି ଆବଶ୍ୟକ ପଦକ୍ଷେପ ନେବାକୁ ପ୍ରତିଶ୍ରୁତି ଦେଇଛନ୍ତି। କାର୍ଯ୍ୟକ୍ରମରେ ବହୁ ସଂଖ୍ୟାରେ ଲୋକ ଯୋଗ ଦେଇ ଆଲୋଚନା କରିଥିଲେ। ଏହି ଅବସରରେ ମୁଖ୍ୟ ଅତିଥି ଭାବେ ଜିଲ୍ଲାର ବରିଷ୍ଠ ନେତା ଯୋଗଦେଇ ସମ୍ବୋଧିତ କରିଥିଲେ। ସଭାରେ ଅନ୍ୟମାନଙ୍କ ମଧ୍ୟରେ ସଦସ୍ୟମାନେ ଉପସ୍ଥିତ
ଏହି ଅଞ୍ଚଳରେ ଗତ କିଛିଦିନ ଧରି ବିଭିନ୍ନ ସମସ୍ୟା ଦେଖାଦେଇଛି। ସ୍ଥାନୀୟ ଲୋକମାନେ ପ୍ରଶାସନ ନିକଟରେ ଦାବି ଉପସ୍ଥାପନ କରିଛନ୍ତି। ଏନେଇ ଅଧିକାରୀମାନେ ତଦନ୍ତ କରି ଆବଶ୍ୟକ ପଦକ୍ଷେପ ନେବାକୁ ପ୍ରତିଶ୍ରୁତି ଦେଇଛନ୍ତି। କାର୍ଯ୍ୟକ୍ରମରେ ବହୁ ସଂଖ୍ୟାରେ ଲୋକ ଯୋଗ ଦେଇ ଆଲୋଚନା କରିଥିଲେ। ଏହି ଅବସରରେ ମୁଖ୍ୟ ଅତିଥି ଭାବେ ଜିଲ୍ଲାର ବରିଷ୍ଠ ନେତା ଯୋଗଦେଇ ସମ୍ବୋଧିତ କରିଥିଲେ। ସଭାରେ ଅନ୍ୟମାନଙ୍କ ମଧ୍ୟରେ ସଦସ୍ୟମାନେ ଉପସ୍ଥିତ
ଏହି ଅଞ୍ଚଳରେ ଗତ କିଛିଦିନ ଧରି ବିଭିନ୍ନ ସମସ୍ୟା ଦେଖାଦେଇଛି। ସ୍ଥାନୀୟ ଲୋକମାନେ ପ୍ରଶାସନ ନିକଟରେ ଦାବି ଉପସ୍ଥାପନ କରିଛନ୍ତି। ଏନେଇ ଅଧିକାରୀମାନେ ତଦନ୍ତ କରି ଆବଶ୍ୟକ ପଦକ୍ଷେପ ନେବାକୁ ପ୍ରତିଶ୍ରୁତି ଦେଇଛନ୍ତି। କାର୍ଯ୍ୟକ୍ରମରେ ବହୁ ସଂଖ୍ୟାରେ ଲୋକ ଯୋଗ ଦେଇ ଆଲୋଚନା କରିଥିଲେ। ଏହି ଅବସରରେ ମୁଖ୍ୟ ଅତିଥି ଭାବେ ଜିଲ୍ଲାର ବରିଷ୍ଠ ନେତା ଯୋଗଦେଇ ସମ୍ବୋଧିତ କରିଥିଲେ। ସଭାରେ ଅନ୍ୟମାନଙ୍କ ମଧ୍ୟରେ
୧୪ ରୁ ରାଜସ୍ୱ ସଂଘର
କାର୍ଯ୍ୟବନ୍ଦ ଆନ୍ଦୋଳନ
ବଲାଙ୍ଗୀର ଏହି ଅଞ୍ଚଳରେ ଗତ କିଛିଦିନ ଧରି ବିଭିନ୍ନ ସମସ୍ୟା ଦେଖାଦେଇଛି। ସ୍ଥାନୀୟ ଲୋକମାନେ ପ୍ରଶାସନ ନିକଟରେ ଦାବି ଉପସ୍ଥାପନ କରିଛନ୍ତି। ଏନେଇ ଅଧିକାରୀମାନେ ତଦନ୍ତ କରି ଆବଶ୍ୟକ ପଦକ୍ଷେପ ନେବାକୁ ପ୍ରତିଶ୍ରୁତି ଦେଇଛନ୍ତି। କାର୍ଯ୍ୟକ୍ରମରେ ବହୁ ସଂଖ୍ୟାରେ ଲୋକ ଯୋଗ ଦେଇ ଆଲୋଚନା କରିଥିଲେ। ଏହି ଅବସରରେ ମୁଖ୍ୟ ଅତିଥି ଭାବେ ଜିଲ୍ଲାର ବରିଷ୍ଠ ନେତା ଯୋଗଦେଇ ସମ୍ବୋଧିତ କରିଥିଲେ। ସଭାରେ ଅନ୍ୟମାନଙ୍କ ମଧ୍ୟରେ ସଦସ୍ୟମାନେ ଉପସ୍ଥିତ ରହି ମତାମତ ଦେଇଥିଲେ। ଏହି ଅଞ୍ଚଳରେ ଗତ କିଛିଦିନ ଧରି ବିଭିନ୍ନ ସମସ୍ୟା ଦେଖାଦେଇଛି। ସ୍ଥାନୀୟ ଲୋକମାନେ ପ୍ରଶାସନ ନିକଟରେ ଦାବି ଉପସ୍ଥାପନ କରିଛନ୍ତି। ଏନେଇ ଅଧିକାରୀମାନେ ତଦନ୍ତ କରି ଆବଶ୍ୟକ ପଦକ୍ଷେପ ନେବାକୁ ପ୍ରତିଶ୍ରୁତି ଦେଇଛନ୍ତି। କାର୍ଯ୍ୟକ୍ରମରେ ବହୁ ସଂଖ୍ୟାରେ ଲୋକ ଯୋଗ ଦେଇ ଆଲୋଚନା କରିଥିଲେ। ଏହି ଅବସରରେ ମୁଖ୍ୟ ଅତିଥି ଭାବେ ଜିଲ୍ଲାର ବରିଷ୍ଠ ନେତା ଯୋଗଦେଇ ସମ୍ବୋଧିତ କରିଥିଲେ। ସଭାରେ ଅନ୍ୟମାନଙ୍କ ମଧ୍ୟରେ ସଦସ୍ୟମାନେ ଉପସ୍ଥିତ ରହି ମତାମତ ଦେଇଥିଲେ।
ଏହି ଅଞ୍ଚଳରେ ଗତ କିଛିଦିନ ଧରି ବିଭିନ୍ନ ସମସ୍ୟା ଦେଖାଦେଇଛି। ସ୍ଥାନୀୟ ଲୋକମାନେ ପ୍ରଶାସନ ନିକଟରେ ଦାବି ଉପସ୍ଥାପନ କରିଛନ୍ତି। ଏନେଇ ଅଧିକାରୀମାନେ ତଦନ୍ତ କରି ଆବଶ୍ୟକ ପଦକ୍ଷେପ ନେବାକୁ ପ୍ରତିଶ୍ରୁତି ଦେଇଛନ୍ତି। କାର୍ଯ୍ୟକ୍ରମରେ ବହୁ ସଂଖ୍ୟାରେ ଲୋକ ଯୋଗ ଦେଇ ଆଲୋଚନା କରିଥିଲେ। ଏହି ଅବସରରେ ମୁଖ୍ୟ ଅତିଥି ଭାବେ ଜିଲ୍ଲାର ବରିଷ୍ଠ ନେତା ଯୋଗଦେଇ ସମ୍ବୋଧିତ କରିଥିଲେ। ସଭାରେ ଅନ୍ୟମାନଙ୍କ ମଧ୍ୟରେ ସଦସ୍ୟମାନେ ଉପସ୍ଥିତ ରହି ମତାମତ ଦେଇଥିଲେ। ଏହି ଅଞ୍ଚଳରେ ଗତ କିଛିଦିନ ଧରି ବିଭିନ୍ନ ସମସ୍ୟା ଦେଖାଦେଇଛି। ସ୍ଥାନୀୟ ଲୋକମାନେ ପ୍ରଶାସନ ନିକଟରେ ଦାବି ଉପସ୍ଥାପନ କରିଛନ୍ତି। ଏନେଇ ଅଧିକାରୀମାନେ ତଦନ୍ତ କରି ଆବଶ୍ୟକ ପଦକ୍ଷେପ ନେବାକୁ ପ୍ରତିଶ୍ରୁତି ଦେଇଛନ୍ତି। କାର୍ଯ୍ୟକ୍ରମରେ ବହୁ ସଂଖ୍ୟାରେ ଲୋକ ଯୋଗ ଦେଇ ଆଲୋଚନା କରିଥିଲେ। ଏହି ଅବସରରେ ମୁଖ୍ୟ ଅତିଥି ଭାବେ ଜିଲ୍ଲାର ବରିଷ୍ଠ ନେତା ଯୋଗଦେଇ ସମ୍ବୋଧିତ କରିଥିଲେ। ସଭାରେ ଅନ୍ୟମାନଙ୍କ ମଧ୍ୟରେ ସଦସ୍ୟମାନେ ଉପସ୍ଥିତ ରହି ମତାମତ ଦେଇଥିଲେ।
ଏହି ଅଞ୍ଚଳରେ ଗତ କିଛିଦିନ ଧରି ବିଭିନ୍ନ ସମସ୍ୟା ଦେଖାଦେଇଛି। ସ୍ଥାନୀୟ ଲୋକମାନେ ପ୍ରଶାସନ ନିକଟରେ ଦାବି ଉପସ୍ଥାପନ କରିଛନ୍ତି। ଏନେଇ ଅଧିକାରୀମାନେ ତଦନ୍ତ କରି ଆବଶ୍ୟକ ପଦକ୍ଷେପ ନେବାକୁ ପ୍ରତିଶ୍ରୁତି ଦେଇଛନ୍ତି। କାର୍ଯ୍ୟକ୍ରମରେ ବହୁ ସଂଖ୍ୟାରେ ଲୋକ ଯୋଗ ଦେଇ ଆଲୋଚନା କରିଥିଲେ। ଏହି ଅବସରରେ ମୁଖ୍ୟ ଅତିଥି ଭାବେ ଜିଲ୍ଲାର ବରିଷ୍ଠ ନେତା ଯୋଗଦେଇ ସମ୍ବୋଧିତ କରିଥିଲେ। ସଭାରେ ଅନ୍ୟମାନଙ୍କ ମଧ୍ୟରେ ସଦସ୍ୟମାନେ ଉପସ୍ଥିତ ରହି ମତାମତ ଦେଇଥିଲେ। ଏହି ଅଞ୍ଚଳରେ ଗତ କିଛିଦିନ ଧରି ବିଭିନ୍ନ ସମସ୍ୟା ଦେଖାଦେଇଛି। ସ୍ଥାନୀୟ ଲୋକମାନେ ପ୍ରଶାସନ ନିକଟରେ ଦାବି ଉପସ୍ଥାପନ କରିଛନ୍ତି। ଏନେଇ ଅଧିକାରୀମାନେ ତଦନ୍ତ କରି ଆବଶ୍ୟକ ପଦକ୍ଷେପ ନେବାକୁ ପ୍ରତିଶ୍ରୁତି ଦେଇଛନ୍ତି। କାର୍ଯ୍ୟକ୍ରମରେ ବହୁ ସଂଖ୍ୟାରେ ଲୋକ ଯୋଗ ଦେଇ ଆଲୋଚନା କରିଥିଲେ। ଏହି ଅବସରରେ ମୁଖ୍ୟ ଅତିଥି ଭାବେ ଜିଲ୍ଲାର ବରିଷ୍ଠ ନେତା ଯୋଗଦେଇ ସମ୍ବୋଧିତ କରିଥିଲେ। ସଭାରେ ଅନ୍ୟମାନଙ୍କ ମଧ୍ୟରେ ସଦସ୍ୟମାନେ ଉପସ୍ଥିତ ରହି ମତାମତ ଦେଇଥିଲେ।
ଆଦର୍ଶ ଯୁବ ପରିଷଦର ଗୋପ ଜୟନ୍ତୀ
ରେଢ଼ାଖୋଲ ଏହି ଅଞ୍ଚଳରେ ଗତ କିଛିଦିନ ଧରି ବିଭିନ୍ନ ସମସ୍ୟା ଦେଖାଦେଇଛି। ସ୍ଥାନୀୟ ଲୋକମାନେ ପ୍ରଶାସନ ନିକଟରେ ଦାବି ଉପସ୍ଥାପନ କରିଛନ୍ତି। ଏନେଇ ଅଧିକାରୀମାନେ ତଦନ୍ତ କରି ଆବଶ୍ୟକ ପଦକ୍ଷେପ ନେବାକୁ ପ୍ରତିଶ୍ରୁତି ଦେଇଛନ୍ତି। କାର୍ଯ୍ୟକ୍ରମରେ ବହୁ ସଂଖ୍ୟାରେ ଲୋକ ଯୋଗ ଦେଇ ଆଲୋଚନା କରିଥିଲେ। ଏହି ଅବସରରେ ମୁଖ୍ୟ ଅତିଥି ଭାବେ ଜିଲ୍ଲାର ବରିଷ୍ଠ ନେତା ଯୋଗଦେଇ ସମ୍ବୋଧିତ କରିଥିଲେ। ସଭାରେ ଅନ୍ୟମାନଙ୍କ ମଧ୍ୟରେ ସଦସ୍ୟମାନେ ଉପସ୍ଥିତ ରହି ମତାମତ ଦେଇଥିଲେ। ଏହି ଅଞ୍ଚଳରେ ଗତ କିଛିଦିନ ଧରି ବିଭିନ୍ନ ସମସ୍ୟା ଦେଖାଦେଇଛି। ସ୍ଥାନୀୟ ଲୋକମାନେ ପ୍ରଶାସନ ନିକଟରେ ଦାବି ଉପସ୍ଥାପନ କରିଛନ୍ତି। ଏନେଇ ଅଧିକାରୀମାନେ ତଦନ୍ତ କରି ଆବଶ୍ୟକ ପଦକ୍ଷେପ ନେବାକୁ ପ୍ରତିଶ୍ରୁତି ଦେଇଛନ୍ତି। କାର୍ଯ୍ୟକ୍ରମରେ ବହୁ ସଂଖ୍ୟାରେ ଲୋକ ଯୋଗ ଦେଇ ଆଲୋଚନା କରିଥିଲେ। ଏହି ଅବସରରେ ମୁଖ୍ୟ ଅତିଥି ଭାବେ ଜିଲ୍ଲାର ବରିଷ୍ଠ ନେତା ଯୋଗଦେଇ ସମ୍ବୋଧିତ କରିଥିଲେ। ସଭାରେ ଅନ୍ୟମାନଙ୍କ ମଧ୍ୟରେ ସଦସ୍ୟମାନେ ଉପସ୍ଥିତ ରହି ମତାମତ ଦେଇଥିଲେ।
ଏହି ଅଞ୍ଚଳରେ ଗତ କିଛିଦିନ ଧରି ବିଭିନ୍ନ ସମସ୍ୟା ଦେଖାଦେଇଛି। ସ୍ଥାନୀୟ ଲୋକମାନେ ପ୍ରଶାସନ ନିକଟରେ ଦାବି ଉପସ୍ଥାପନ କରିଛନ୍ତି। ଏନେଇ ଅଧିକାରୀମାନେ ତଦନ୍ତ କରି ଆବଶ୍ୟକ ପଦକ୍ଷେପ ନେବାକୁ ପ୍ରତିଶ୍ରୁତି ଦେଇଛନ୍ତି। କାର୍ଯ୍ୟକ୍ରମରେ ବହୁ ସଂଖ୍ୟାରେ ଲୋକ ଯୋଗ ଦେଇ ଆଲୋଚନା କରିଥିଲେ। ଏହି ଅବସରରେ ମୁଖ୍ୟ ଅତିଥି ଭାବେ ଜିଲ୍ଲାର ବରିଷ୍ଠ ନେତା ଯୋଗଦେଇ ସମ୍ବୋଧିତ କରିଥିଲେ। ସଭାରେ ଅନ୍ୟମାନଙ୍କ ମଧ୍ୟରେ ସଦସ୍ୟମାନେ ଉପସ୍ଥିତ ରହି ମତାମତ ଦେଇଥିଲେ। ଏହି ଅଞ୍ଚଳରେ ଗତ କିଛିଦିନ ଧରି ବିଭିନ୍ନ ସମସ୍ୟା ଦେଖାଦେଇଛି। ସ୍ଥାନୀୟ ଲୋକମାନେ ପ୍ରଶାସନ ନିକଟରେ ଦାବି ଉପସ୍ଥାପନ କରିଛନ୍ତି। ଏନେଇ ଅଧିକାରୀମାନେ ତଦନ୍ତ କରି ଆବଶ୍ୟକ ପଦକ୍ଷେପ ନେବାକୁ ପ୍ରତିଶ୍ରୁତି ଦେଇଛନ୍ତି। କାର୍ଯ୍ୟକ୍ରମରେ ବହୁ ସଂଖ୍ୟାରେ ଲୋକ ଯୋଗ ଦେଇ ଆଲୋଚନା କରିଥିଲେ। ଏହି ଅବସରରେ ମୁଖ୍ୟ ଅତିଥି ଭାବେ ଜିଲ୍ଲାର ବରିଷ୍ଠ ନେତା ଯୋଗଦେଇ ସମ୍ବୋଧିତ କରିଥିଲେ। ସଭାରେ ଅନ୍ୟମାନଙ୍କ ମଧ୍ୟରେ ସଦସ୍ୟମାନେ ଉପସ୍ଥିତ ରହି ମତାମତ ଦେଇଥିଲେ।
ଏହି ଅଞ୍ଚଳରେ ଗତ କିଛିଦିନ ଧରି ବିଭିନ୍ନ ସମସ୍ୟା ଦେଖାଦେଇଛି। ସ୍ଥାନୀୟ ଲୋକମାନେ ପ୍ରଶାସନ ନିକଟରେ ଦାବି ଉପସ୍ଥାପନ କରିଛନ୍ତି। ଏନେଇ ଅଧିକାରୀମାନେ ତଦନ୍ତ କରି ଆବଶ୍ୟକ ପଦକ୍ଷେପ ନେବାକୁ ପ୍ରତିଶ୍ରୁତି ଦେଇଛନ୍ତି। କାର୍ଯ୍ୟକ୍ରମରେ ବହୁ ସଂଖ୍ୟାରେ ଲୋକ ଯୋଗ ଦେଇ ଆଲୋଚନା କରିଥିଲେ। ଏହି ଅବସରରେ ମୁଖ୍ୟ ଅତିଥି ଭାବେ ଜିଲ୍ଲାର ବରିଷ୍ଠ ନେତା ଯୋଗଦେଇ ସମ୍ବୋଧିତ କରିଥିଲେ। ସଭାରେ ଅନ୍ୟମାନଙ୍କ ମଧ୍ୟରେ ସଦସ୍ୟମାନେ ଉପସ୍ଥିତ ରହି ମତାମତ ଦେଇଥିଲେ। ଏହି ଅଞ୍ଚଳରେ ଗତ କିଛିଦିନ ଧରି ବିଭିନ୍ନ ସମସ୍ୟା ଦେଖାଦେଇଛି। ସ୍ଥାନୀୟ ଲୋକମାନେ ପ୍ରଶାସନ ନିକଟରେ ଦାବି ଉପସ୍ଥାପନ କରିଛନ୍ତି। ଏନେଇ ଅଧିକାରୀମାନେ ତଦନ୍ତ କରି ଆବଶ୍ୟକ ପଦକ୍ଷେପ ନେବାକୁ ପ୍ରତିଶ୍ରୁତି ଦେଇଛନ୍ତି। କାର୍ଯ୍ୟକ୍ରମରେ ବହୁ ସଂଖ୍ୟାରେ ଲୋକ ଯୋଗ ଦେଇ ଆଲୋଚନା କରିଥିଲେ। ଏହି ଅବସରରେ ମୁଖ୍ୟ ଅତିଥି ଭାବେ ଜିଲ୍ଲାର ବରିଷ୍ଠ ନେତା ଯୋଗଦେଇ ସମ୍ବୋଧିତ କରିଥିଲେ। ସଭାରେ ଅନ୍ୟମାନଙ୍କ ମଧ୍ୟରେ ସଦସ୍ୟମାନେ ଉପସ୍ଥିତ ରହି ମତାମତ ଦେଇଥିଲେ।
ଶିଶୁ ବିବାହ ରୋକାଗଲା ପ୍ରଶାସନ
ଦେବଗଡ଼ ଏହି ଅଞ୍ଚଳରେ ଗତ କିଛିଦିନ ଧରି ବିଭିନ୍ନ ସମସ୍ୟା ଦେଖାଦେଇଛି। ସ୍ଥାନୀୟ ଲୋକମାନେ ପ୍ରଶାସନ ନିକଟରେ ଦାବି ଉପସ୍ଥାପନ କରିଛନ୍ତି। ଏନେଇ ଅଧିକାରୀମାନେ ତଦନ୍ତ କରି ଆବଶ୍ୟକ ପଦକ୍ଷେପ ନେବାକୁ ପ୍ରତିଶ୍ରୁତି ଦେଇଛନ୍ତି। କାର୍ଯ୍ୟକ୍ରମରେ ବହୁ ସଂଖ୍ୟାରେ ଲୋକ ଯୋଗ ଦେଇ ଆଲୋଚନା କରିଥିଲେ। ଏହି ଅବସରରେ ମୁଖ୍ୟ ଅତିଥି ଭାବେ ଜିଲ୍ଲାର ବରିଷ୍ଠ ନେତା ଯୋଗଦେଇ ସମ୍ବୋଧିତ କରିଥିଲେ। ସଭାରେ ଅନ୍ୟମାନଙ୍କ ମଧ୍ୟରେ ସଦସ୍ୟମାନେ ଉପସ୍ଥିତ ରହି ମତାମତ ଦେଇଥିଲେ। ଏହି ଅଞ୍ଚଳରେ ଗତ କିଛିଦିନ ଧରି ବିଭିନ୍ନ ସମସ୍ୟା ଦେଖାଦେଇଛି। ସ୍ଥାନୀୟ ଲୋକମାନେ ପ୍ରଶାସନ ନିକଟରେ ଦାବି ଉପସ୍ଥାପନ କରିଛନ୍ତି। ଏନେଇ ଅଧିକାରୀମାନେ ତଦନ୍ତ କରି ଆବଶ୍ୟକ ପଦକ୍ଷେପ ନେବାକୁ ପ୍ରତିଶ୍ରୁତି ଦେଇଛନ୍ତି। କାର୍ଯ୍ୟକ୍ରମରେ ବହୁ ସଂଖ୍ୟାରେ ଲୋକ ଯୋଗ ଦେଇ ଆଲୋଚନା କରିଥିଲେ। ଏହି ଅବସରରେ ମୁଖ୍ୟ ଅତିଥି ଭାବେ ଜିଲ୍ଲାର ବରିଷ୍ଠ ନେତା ଯୋଗଦେଇ ସମ୍ବୋଧିତ କରିଥିଲେ। ସଭାରେ ଅନ୍ୟମାନଙ୍କ ମଧ୍ୟରେ ସଦସ୍ୟମାନେ ଉପସ୍ଥିତ ରହି ମତାମତ ଦେଇଥିଲେ।
ଏହି ଅଞ୍ଚଳରେ ଗତ କିଛିଦିନ ଧରି ବିଭିନ୍ନ ସମସ୍ୟା ଦେଖାଦେଇଛି। ସ୍ଥାନୀୟ ଲୋକମାନେ ପ୍ରଶାସନ ନିକଟରେ ଦାବି ଉପସ୍ଥାପନ କରିଛନ୍ତି। ଏନେଇ ଅଧିକାରୀମାନେ ତଦନ୍ତ କରି ଆବଶ୍ୟକ ପଦକ୍ଷେପ ନେବାକୁ ପ୍ରତିଶ୍ରୁତି ଦେଇଛନ୍ତି। କାର୍ଯ୍ୟକ୍ରମରେ ବହୁ ସଂଖ୍ୟାରେ ଲୋକ ଯୋଗ ଦେଇ ଆଲୋଚନା କରିଥିଲେ। ଏହି ଅବସରରେ ମୁଖ୍ୟ ଅତିଥି ଭାବେ ଜିଲ୍ଲାର ବରିଷ୍ଠ ନେତା ଯୋଗଦେଇ ସମ୍ବୋଧିତ କରିଥିଲେ। ସଭାରେ ଅନ୍ୟମାନଙ୍କ ମଧ୍ୟରେ ସଦସ୍ୟମାନେ ଉପସ୍ଥିତ ରହି ମତାମତ ଦେଇଥିଲେ। ଏହି ଅଞ୍ଚଳରେ ଗତ କିଛିଦିନ ଧରି ବିଭିନ୍ନ ସମସ୍ୟା ଦେଖାଦେଇଛି। ସ୍ଥାନୀୟ ଲୋକମାନେ ପ୍ରଶାସନ ନିକଟରେ ଦାବି ଉପସ୍ଥାପନ କରିଛନ୍ତି। ଏନେଇ ଅଧିକାରୀମାନେ ତଦନ୍ତ କରି ଆବଶ୍ୟକ ପଦକ୍ଷେପ ନେବାକୁ ପ୍ରତିଶ୍ରୁତି ଦେଇଛନ୍ତି। କାର୍ଯ୍ୟକ୍ରମରେ ବହୁ ସଂଖ୍ୟାରେ ଲୋକ ଯୋଗ ଦେଇ ଆଲୋଚନା କରିଥିଲେ। ଏହି ଅବସରରେ ମୁଖ୍ୟ ଅତିଥି ଭାବେ ଜିଲ୍ଲାର ବରିଷ୍ଠ ନେତା ଯୋଗଦେଇ ସମ୍ବୋଧିତ କରିଥିଲେ। ସଭାରେ ଅନ୍ୟମାନଙ୍କ ମଧ୍ୟରେ ସଦସ୍ୟମାନେ ଉପସ୍ଥିତ ରହି ମତାମତ ଦେଇଥିଲେ।
ବାଳ ଓ ଯୁବ ସଂସ୍କାର ଶିବିର
ସମ୍ବଲପୁର ଏହି ଅଞ୍ଚଳରେ ଗତ କିଛିଦିନ ଧରି ବିଭିନ୍ନ ସମସ୍ୟା ଦେଖାଦେଇଛି। ସ୍ଥାନୀୟ ଲୋକମାନେ ପ୍ରଶାସନ ନିକଟରେ ଦାବି ଉପସ୍ଥାପନ କରିଛନ୍ତି। ଏନେଇ ଅଧିକାରୀମାନେ ତଦନ୍ତ କରି ଆବଶ୍ୟକ ପଦକ୍ଷେପ ନେବାକୁ ପ୍ରତିଶ୍ରୁତି ଦେଇଛନ୍ତି। କାର୍ଯ୍ୟକ୍ରମରେ ବହୁ ସଂଖ୍ୟାରେ ଲୋକ ଯୋଗ ଦେଇ ଆଲୋଚନା କରିଥିଲେ। ଏହି ଅବସରରେ ମୁଖ୍ୟ ଅତିଥି ଭାବେ ଜିଲ୍ଲାର ବରିଷ୍ଠ ନେତା ଯୋଗଦେଇ ସମ୍ବୋଧିତ କରିଥିଲେ। ସଭାରେ ଅନ୍ୟମାନଙ୍କ ମଧ୍ୟରେ ସଦସ୍ୟମାନେ ଉପସ୍ଥିତ ରହି ମତାମତ ଦେଇଥିଲେ। ଏହି ଅଞ୍ଚଳରେ ଗତ କିଛିଦିନ ଧରି ବିଭିନ୍ନ ସମସ୍ୟା ଦେଖାଦେଇଛି। ସ୍ଥାନୀୟ ଲୋକମାନେ ପ୍ରଶାସନ ନିକଟରେ ଦାବି ଉପସ୍ଥାପନ କରିଛନ୍ତି। ଏନେଇ ଅଧିକାରୀମାନେ ତଦନ୍ତ କରି ଆବଶ୍ୟକ ପଦକ୍ଷେପ ନେବାକୁ ପ୍ରତିଶ୍ରୁତି ଦେଇଛନ୍ତି। କାର୍ଯ୍ୟକ୍ରମରେ ବହୁ ସଂଖ୍ୟାରେ ଲୋକ ଯୋଗ ଦେଇ ଆଲୋଚନା କରିଥିଲେ। ଏହି ଅବସରରେ ମୁଖ୍ୟ ଅତିଥି ଭାବେ ଜିଲ୍ଲାର ବରିଷ୍ଠ ନେତା ଯୋଗଦେଇ ସମ୍ବୋଧିତ କରିଥିଲେ। ସଭାରେ ଅନ୍ୟମାନଙ୍କ ମଧ୍ୟରେ ସଦସ୍ୟମାନେ ଉପସ୍ଥିତ ରହି ମତାମତ ଦେଇଥିଲେ।
ଏହି ଅଞ୍ଚଳରେ ଗତ କିଛିଦିନ ଧରି ବିଭିନ୍ନ ସମସ୍ୟା ଦେଖାଦେଇଛି। ସ୍ଥାନୀୟ ଲୋକମାନେ ପ୍ରଶାସନ ନିକଟରେ ଦାବି ଉପସ୍ଥାପନ କରିଛନ୍ତି। ଏନେଇ ଅଧିକାରୀମାନେ ତଦନ୍ତ କରି ଆବଶ୍ୟକ ପଦକ୍ଷେପ ନେବାକୁ ପ୍ରତିଶ୍ରୁତି ଦେଇଛନ୍ତି। କାର୍ଯ୍ୟକ୍ରମରେ ବହୁ ସଂଖ୍ୟାରେ ଲୋକ ଯୋଗ ଦେଇ ଆଲୋଚନା କରିଥିଲେ। ଏହି ଅବସରରେ ମୁଖ୍ୟ ଅତିଥି ଭାବେ ଜିଲ୍ଲାର ବରିଷ୍ଠ ନେତା ଯୋଗଦେଇ ସମ୍ବୋଧିତ କରିଥିଲେ। ସଭାରେ ଅନ୍ୟମାନଙ୍କ ମଧ୍ୟରେ ସଦସ୍ୟମାନେ ଉପସ୍ଥିତ ରହି ମତାମତ ଦେଇଥିଲେ। ଏହି ଅଞ୍ଚଳରେ ଗତ କିଛିଦିନ ଧରି ବିଭିନ୍ନ ସମସ୍ୟା ଦେଖାଦେଇଛି। ସ୍ଥାନୀୟ ଲୋକମାନେ ପ୍ରଶାସନ ନିକଟରେ ଦାବି ଉପସ୍ଥାପନ କରିଛନ୍ତି। ଏନେଇ ଅଧିକାରୀମାନେ ତଦନ୍ତ କରି ଆବଶ୍ୟକ ପଦକ୍ଷେପ ନେବାକୁ ପ୍ରତିଶ୍ରୁତି ଦେଇଛନ୍ତି। କାର୍ଯ୍ୟକ୍ରମରେ ବହୁ ସଂଖ୍ୟାରେ ଲୋକ ଯୋଗ ଦେଇ ଆଲୋଚନା କରିଥିଲେ। ଏହି ଅବସରରେ ମୁଖ୍ୟ ଅତିଥି ଭାବେ ଜିଲ୍ଲାର ବରିଷ୍ଠ ନେତା ଯୋଗଦେଇ ସମ୍ବୋଧିତ କରିଥିଲେ। ସଭାରେ ଅନ୍ୟମାନଙ୍କ ମଧ୍ୟରେ ସଦସ୍ୟମାନେ ଉପସ୍ଥିତ ରହି ମତାମତ ଦେଇଥିଲେ।
ଶର୍ଟେଜ ଲାଗିକାରୁ ବିକ୍ରିରେ ସମସ୍ୟା
କବିତା ସଂକଳନ ଆଲୋଚନା
ସମ୍ବଲପୁର ଏହି ଅଞ୍ଚଳରେ ଗତ କିଛିଦିନ ଧରି ବିଭିନ୍ନ ସମସ୍ୟା ଦେଖାଦେଇଛି। ସ୍ଥାନୀୟ ଲୋକମାନେ ପ୍ରଶାସନ ନିକଟରେ ଦାବି ଉପସ୍ଥାପନ କରିଛନ୍ତି। ଏନେଇ ଅଧିକାରୀମାନେ ତଦନ୍ତ କରି ଆବଶ୍ୟକ ପଦକ୍ଷେପ ନେବାକୁ ପ୍ରତିଶ୍ରୁତି ଦେଇଛନ୍ତି। କାର୍ଯ୍ୟକ୍ରମରେ ବହୁ ସଂଖ୍ୟାରେ ଲୋକ ଯୋଗ ଦେଇ ଆଲୋଚନା କରିଥିଲେ। ଏହି ଅବସରରେ ମୁଖ୍ୟ ଅତିଥି ଭାବେ ଜିଲ୍ଲାର ବରିଷ୍ଠ ନେତା ଯୋଗଦେଇ ସମ୍ବୋଧିତ କରିଥିଲେ। ସଭାରେ ଅନ୍ୟମାନଙ୍କ ମଧ୍ୟରେ ସଦସ୍ୟମାନେ ଉପସ୍ଥିତ ରହି ମତାମତ ଦେଇଥିଲେ। ଏହି ଅଞ୍ଚଳରେ ଗତ କିଛିଦିନ ଧରି ବିଭିନ୍ନ ସମସ୍ୟା ଦେଖାଦେଇଛି। ସ୍ଥାନୀୟ ଲୋକମାନେ ପ୍ରଶାସନ ନିକଟରେ ଦାବି ଉପସ୍ଥାପନ କରିଛନ୍ତି। ଏନେଇ ଅଧିକାରୀମାନେ ତଦନ୍ତ କରି ଆବଶ୍ୟକ ପଦକ୍ଷେପ ନେବାକୁ ପ୍ରତିଶ୍ରୁତି ଦେଇଛନ୍ତି। କାର୍ଯ୍ୟକ୍ରମରେ ବହୁ ସଂଖ୍ୟାରେ ଲୋକ ଯୋଗ ଦେଇ ଆଲୋଚନା କରିଥିଲେ। ଏହି ଅବସରରେ ମୁଖ୍ୟ ଅତିଥି ଭାବେ ଜିଲ୍ଲାର ବରିଷ୍ଠ ନେତା ଯୋଗଦେଇ ସମ୍ବୋଧିତ କରିଥିଲେ। ସଭାରେ ଅନ୍ୟମାନଙ୍କ ମଧ୍ୟରେ ସଦସ୍ୟମାନେ ଉପସ୍ଥିତ ରହି ମତାମତ ଦେଇଥିଲେ। ଏହି ଅଞ୍ଚଳରେ ଗତ କିଛିଦିନ ଧରି ବିଭିନ୍ନ ସମସ୍ୟା ଦେଖାଦେଇଛି। ସ୍ଥାନୀୟ ଲୋକମାନେ ପ୍ରଶାସନ ନିକଟରେ ଦାବି ଉପସ୍ଥାପନ କରିଛନ୍ତି। ଏନେଇ ଅଧିକାରୀମାନେ ତଦନ୍ତ କରି ଆବଶ୍ୟକ ପଦକ୍ଷେପ ନେବାକୁ ପ୍ରତିଶ୍ରୁତି ଦେଇଛନ୍ତି। କାର୍ଯ୍ୟକ୍ରମରେ ବହୁ ସଂଖ୍ୟାରେ ଲୋକ ଯୋଗ ଦେଇ ଆଲୋଚନା କରିଥିଲେ। ଏହି ଅବସରରେ ମୁଖ୍ୟ ଅତିଥି ଭାବେ ଜିଲ୍ଲାର ବରିଷ୍ଠ ନେତା ଯୋଗଦେଇ ସମ୍ବୋଧିତ କରିଥିଲେ। ସଭାରେ ଅନ୍ୟମାନଙ୍କ ମଧ୍ୟରେ ସଦସ୍ୟମାନେ ଉପସ୍ଥିତ ରହି ମତାମତ ଦେଇଥିଲେ।
ଏହି ଅଞ୍ଚଳରେ ଗତ କିଛିଦିନ ଧରି ବିଭିନ୍ନ ସମସ୍ୟା ଦେଖାଦେଇଛି। ସ୍ଥାନୀୟ ଲୋକମାନେ ପ୍ରଶାସନ ନିକଟରେ ଦାବି ଉପସ୍ଥାପନ କରିଛନ୍ତି। ଏନେଇ ଅଧିକାରୀମାନେ ତଦନ୍ତ କରି ଆବଶ୍ୟକ ପଦକ୍ଷେପ ନେବାକୁ ପ୍ରତିଶ୍ରୁତି ଦେଇଛନ୍ତି। କାର୍ଯ୍ୟକ୍ରମରେ ବହୁ ସଂଖ୍ୟାରେ ଲୋକ ଯୋଗ ଦେଇ ଆଲୋଚନା କରିଥିଲେ। ଏହି ଅବସରରେ ମୁଖ୍ୟ ଅତିଥି ଭାବେ ଜିଲ୍ଲାର ବରିଷ୍ଠ ନେତା ଯୋଗଦେଇ ସମ୍ବୋଧିତ କରିଥିଲେ। ସଭାରେ ଅନ୍ୟମାନଙ୍କ ମଧ୍ୟରେ ସଦସ୍ୟମାନେ ଉପସ୍ଥିତ ରହି ମତାମତ ଦେଇଥିଲେ। ଏହି ଅଞ୍ଚଳରେ ଗତ କିଛିଦିନ ଧରି ବିଭିନ୍ନ ସମସ୍ୟା ଦେଖାଦେଇଛି। ସ୍ଥାନୀୟ ଲୋକମାନେ ପ୍ରଶାସନ ନିକଟରେ ଦାବି ଉପସ୍ଥାପନ କରିଛନ୍ତି। ଏନେଇ ଅଧିକାରୀମାନେ ତଦନ୍ତ କରି ଆବଶ୍ୟକ ପଦକ୍ଷେପ ନେବାକୁ ପ୍ରତିଶ୍ରୁତି ଦେଇଛନ୍ତି। କାର୍ଯ୍ୟକ୍ରମରେ ବହୁ ସଂଖ୍ୟାରେ ଲୋକ ଯୋଗ ଦେଇ ଆଲୋଚନା କରିଥିଲେ। ଏହି ଅବସରରେ ମୁଖ୍ୟ ଅତିଥି ଭାବେ ଜିଲ୍ଲାର ବରିଷ୍ଠ ନେତା ଯୋଗଦେଇ ସମ୍ବୋଧିତ କରିଥିଲେ। ସଭାରେ ଅନ୍ୟମାନଙ୍କ ମଧ୍ୟରେ ସଦସ୍ୟମାନେ ଉପସ୍ଥିତ ରହି ମତାମତ ଦେଇଥିଲେ। ଏହି ଅଞ୍ଚଳରେ ଗତ କିଛିଦିନ ଧରି ବିଭିନ୍ନ ସମସ୍ୟା ଦେଖାଦେଇଛି। ସ୍ଥାନୀୟ ଲୋକମାନେ ପ୍ରଶାସନ ନିକଟରେ ଦାବି ଉପସ୍ଥାପନ କରିଛନ୍ତି। ଏନେଇ ଅଧିକାରୀମାନେ ତଦନ୍ତ କରି ଆବଶ୍ୟକ ପଦକ୍ଷେପ ନେବାକୁ ପ୍ରତିଶ୍ରୁତି ଦେଇଛନ୍ତି। କାର୍ଯ୍ୟକ୍ରମରେ ବହୁ ସଂଖ୍ୟାରେ ଲୋକ ଯୋଗ ଦେଇ ଆଲୋଚନା କରିଥିଲେ। ଏହି ଅବସରରେ ମୁଖ୍ୟ ଅତିଥି ଭାବେ ଜିଲ୍ଲାର ବରିଷ୍ଠ ନେତା ଯୋଗଦେଇ ସମ୍ବୋଧିତ କରିଥିଲେ। ସଭାରେ ଅନ୍ୟମାନଙ୍କ ମଧ୍ୟରେ ସଦସ୍ୟମାନେ ଉପସ୍ଥିତ ରହି ମତାମତ ଦେଇଥିଲେ।
ଏହି ଅଞ୍ଚଳରେ ଗତ କିଛିଦିନ ଧରି ବିଭିନ୍ନ ସମସ୍ୟା ଦେଖାଦେଇଛି। ସ୍ଥାନୀୟ ଲୋକମାନେ ପ୍ରଶାସନ ନିକଟରେ ଦାବି ଉପସ୍ଥାପନ କରିଛନ୍ତି। ଏନେଇ ଅଧିକାରୀମାନେ ତଦନ୍ତ କରି ଆବଶ୍ୟକ ପଦକ୍ଷେପ ନେବାକୁ ପ୍ରତିଶ୍ରୁତି ଦେଇଛନ୍ତି। କାର୍ଯ୍ୟକ୍ରମରେ ବହୁ ସଂଖ୍ୟାରେ ଲୋକ ଯୋଗ ଦେଇ ଆଲୋଚନା କରିଥିଲେ। ଏହି ଅବସରରେ ମୁଖ୍ୟ ଅତିଥି ଭାବେ ଜିଲ୍ଲାର ବରିଷ୍ଠ ନେତା ଯୋଗଦେଇ ସମ୍ବୋଧିତ କରିଥିଲେ। ସଭାରେ ଅନ୍ୟମାନଙ୍କ ମଧ୍ୟରେ ସଦସ୍ୟମାନେ ଉପସ୍ଥିତ ରହି ମତାମତ ଦେଇଥିଲେ। ଏହି ଅଞ୍ଚଳରେ ଗତ କିଛିଦିନ ଧରି ବିଭିନ୍ନ ସମସ୍ୟା ଦେଖାଦେଇଛି। ସ୍ଥାନୀୟ ଲୋକମାନେ ପ୍ରଶାସନ ନିକଟରେ ଦାବି ଉପସ୍ଥାପନ କରିଛନ୍ତି। ଏନେଇ ଅଧିକାରୀମାନେ ତଦନ୍ତ କରି ଆବଶ୍ୟକ ପଦକ୍ଷେପ ନେବାକୁ ପ୍ରତିଶ୍ରୁତି ଦେଇଛନ୍ତି। କାର୍ଯ୍ୟକ୍ରମରେ ବହୁ ସଂଖ୍ୟାରେ ଲୋକ ଯୋଗ ଦେଇ ଆଲୋଚନା କରିଥିଲେ। ଏହି ଅବସରରେ ମୁଖ୍ୟ ଅତିଥି ଭାବେ ଜିଲ୍ଲାର ବରିଷ୍ଠ ନେତା ଯୋଗଦେଇ ସମ୍ବୋଧିତ କରିଥିଲେ। ସଭାରେ ଅନ୍ୟମାନଙ୍କ ମଧ୍ୟରେ ସଦସ୍ୟମାନେ ଉପସ୍ଥିତ ରହି ମତାମତ ଦେଇଥିଲେ। ଏହି ଅଞ୍ଚଳରେ ଗତ କିଛିଦିନ ଧରି ବିଭିନ୍ନ ସମସ୍ୟା ଦେଖାଦେଇଛି। ସ୍ଥାନୀୟ ଲୋକମାନେ ପ୍ରଶାସନ ନିକଟରେ ଦାବି ଉପସ୍ଥାପନ କରିଛନ୍ତି। ଏନେଇ ଅଧିକାରୀମାନେ ତଦନ୍ତ କରି ଆବଶ୍ୟକ ପଦକ୍ଷେପ ନେବାକୁ ପ୍ରତିଶ୍ରୁତି ଦେଇଛନ୍ତି। କାର୍ଯ୍ୟକ୍ରମରେ ବହୁ ସଂଖ୍ୟାରେ ଲୋକ ଯୋଗ ଦେଇ ଆଲୋଚନା କରିଥିଲେ। ଏହି ଅବସରରେ ମୁଖ୍ୟ ଅତିଥି ଭାବେ ଜିଲ୍ଲାର ବରିଷ୍ଠ ନେତା ଯୋଗଦେଇ ସମ୍ବୋଧିତ କରିଥିଲେ। ସଭାରେ ଅନ୍ୟମାନଙ୍କ ମଧ୍ୟରେ ସଦସ୍ୟମାନେ ଉପସ୍ଥିତ ରହି ମତାମତ ଦେଇଥିଲେ।
ମଣ୍ଡିରୁ ଧାନ ଉଠୁନି ଚିନ୍ତାରେ ଚାଷୀ
ଗୁରୁଗରଦା ଏହି ଅଞ୍ଚଳରେ ଗତ କିଛିଦିନ ଧରି ବିଭିନ୍ନ ସମସ୍ୟା ଦେଖାଦେଇଛି। ସ୍ଥାନୀୟ ଲୋକମାନେ ପ୍ରଶାସନ ନିକଟରେ ଦାବି ଉପସ୍ଥାପନ କରିଛନ୍ତି। ଏନେଇ ଅଧିକାରୀମାନେ ତଦନ୍ତ କରି ଆବଶ୍ୟକ ପଦକ୍ଷେପ ନେବାକୁ ପ୍ରତିଶ୍ରୁତି ଦେଇଛନ୍ତି। କାର୍ଯ୍ୟକ୍ରମରେ ବହୁ ସଂଖ୍ୟାରେ ଲୋକ ଯୋଗ ଦେଇ ଆଲୋଚନା କରିଥିଲେ। ଏହି ଅବସରରେ ମୁଖ୍ୟ ଅତିଥି ଭାବେ ଜିଲ୍ଲାର ବରିଷ୍ଠ ନେତା ଯୋଗଦେଇ ସମ୍ବୋଧିତ କରିଥିଲେ। ସଭାରେ ଅନ୍ୟମାନଙ୍କ ମଧ୍ୟରେ ସଦସ୍ୟମାନେ ଉପସ୍ଥିତ ରହି ମତାମତ ଦେଇଥିଲେ। ଏହି ଅଞ୍ଚଳରେ ଗତ କିଛିଦିନ ଧରି ବିଭିନ୍ନ ସମସ୍ୟା ଦେଖାଦେଇଛି। ସ୍ଥାନୀୟ ଲୋକମାନେ ପ୍ରଶାସନ ନିକଟରେ ଦାବି ଉପସ୍ଥାପନ କରିଛନ୍ତି। ଏନେଇ ଅଧିକାରୀମାନେ ତଦନ୍ତ କରି ଆବଶ୍ୟକ ପଦକ୍ଷେପ ନେବାକୁ ପ୍ରତିଶ୍ରୁତି ଦେଇଛନ୍ତି। କାର୍ଯ୍ୟକ୍ରମରେ ବହୁ ସଂଖ୍ୟାରେ ଲୋକ ଯୋଗ ଦେଇ ଆଲୋଚନା କରିଥିଲେ। ଏହି ଅବସରରେ ମୁଖ୍ୟ ଅତିଥି ଭାବେ ଜିଲ୍ଲାର ବରିଷ୍ଠ ନେତା ଯୋଗଦେଇ ସମ୍ବୋଧିତ କରିଥିଲେ। ସଭାରେ ଅନ୍ୟମାନଙ୍କ ମଧ୍ୟରେ ସଦସ୍ୟମାନେ ଉପସ୍ଥିତ ରହି ମତାମତ ଦେଇଥିଲେ। ଏହି ଅଞ୍ଚଳରେ ଗତ କିଛିଦିନ ଧରି ବିଭିନ୍ନ ସମସ୍ୟା ଦେଖାଦେଇଛି। ସ୍ଥାନୀୟ ଲୋକମାନେ ପ୍ରଶାସନ ନିକଟରେ ଦାବି ଉପସ୍ଥାପନ କରିଛନ୍ତି। ଏନେଇ ଅଧିକାରୀମାନେ ତଦନ୍ତ କରି ଆବଶ୍ୟକ ପଦକ୍ଷେପ ନେବାକୁ ପ୍ରତିଶ୍ରୁତି ଦେଇଛନ୍ତି। କାର୍ଯ୍ୟକ୍ରମରେ ବହୁ ସଂଖ୍ୟାରେ ଲୋକ ଯୋଗ ଦେଇ ଆଲୋଚନା କରିଥିଲେ। ଏହି ଅବସରରେ ମୁଖ୍ୟ ଅତିଥି ଭାବେ ଜିଲ୍ଲାର ବରିଷ୍ଠ ନେତା ଯୋଗଦେଇ ସମ୍ବୋଧିତ କରିଥିଲେ। ସଭାରେ ଅନ୍ୟମାନଙ୍କ ମଧ୍ୟରେ ସଦସ୍ୟମାନେ ଉପସ୍ଥିତ ରହି ମତାମତ ଦେଇଥିଲେ।
ଏହି ଅଞ୍ଚଳରେ ଗତ କିଛିଦିନ ଧରି ବିଭିନ୍ନ ସମସ୍ୟା ଦେଖାଦେଇଛି। ସ୍ଥାନୀୟ ଲୋକମାନେ ପ୍ରଶାସନ ନିକଟରେ ଦାବି ଉପସ୍ଥାପନ କରିଛନ୍ତି। ଏନେଇ ଅଧିକାରୀମାନେ ତଦନ୍ତ କରି ଆବଶ୍ୟକ ପଦକ୍ଷେପ ନେବାକୁ ପ୍ରତିଶ୍ରୁତି ଦେଇଛନ୍ତି। କାର୍ଯ୍ୟକ୍ରମରେ ବହୁ ସଂଖ୍ୟାରେ ଲୋକ ଯୋଗ ଦେଇ ଆଲୋଚନା କରିଥିଲେ। ଏହି ଅବସରରେ ମୁଖ୍ୟ ଅତିଥି ଭାବେ ଜିଲ୍ଲାର ବରିଷ୍ଠ ନେତା ଯୋଗଦେଇ ସମ୍ବୋଧିତ କରିଥିଲେ। ସଭାରେ ଅନ୍ୟମାନଙ୍କ ମଧ୍ୟରେ ସଦସ୍ୟମାନେ ଉପସ୍ଥିତ ରହି ମତାମତ ଦେଇଥିଲେ। ଏହି ଅଞ୍ଚଳରେ ଗତ କିଛିଦିନ ଧରି ବିଭିନ୍ନ ସମସ୍ୟା ଦେଖାଦେଇଛି। ସ୍ଥାନୀୟ ଲୋକମାନେ ପ୍ରଶାସନ ନିକଟରେ ଦାବି ଉପସ୍ଥାପନ କରିଛନ୍ତି। ଏନେଇ ଅଧିକାରୀମାନେ ତଦନ୍ତ କରି ଆବଶ୍ୟକ ପଦକ୍ଷେପ ନେବାକୁ ପ୍ରତିଶ୍ରୁତି ଦେଇଛନ୍ତି। କାର୍ଯ୍ୟକ୍ରମରେ ବହୁ ସଂଖ୍ୟାରେ ଲୋକ ଯୋଗ ଦେଇ ଆଲୋଚନା କରିଥିଲେ। ଏହି ଅବସରରେ ମୁଖ୍ୟ ଅତିଥି ଭାବେ ଜିଲ୍ଲାର ବରିଷ୍ଠ ନେତା ଯୋଗଦେଇ ସମ୍ବୋଧିତ କରିଥିଲେ। ସଭାରେ ଅନ୍ୟମାନଙ୍କ ମଧ୍ୟରେ ସଦସ୍ୟମାନେ ଉପସ୍ଥିତ ରହି ମତାମତ ଦେଇଥିଲେ।
ଏହି ଅଞ୍ଚଳରେ ଗତ କିଛିଦିନ ଧରି ବିଭିନ୍ନ ସମସ୍ୟା ଦେଖାଦେଇଛି। ସ୍ଥାନୀୟ ଲୋକମାନେ ପ୍ରଶାସନ ନିକଟରେ ଦାବି ଉପସ୍ଥାପନ କରିଛନ୍ତି। ଏନେଇ ଅଧିକାରୀମାନେ ତଦନ୍ତ କରି ଆବଶ୍ୟକ ପଦକ୍ଷେପ ନେବାକୁ ପ୍ରତିଶ୍ରୁତି ଦେଇଛନ୍ତି। କାର୍ଯ୍ୟକ୍ରମରେ ବହୁ ସଂଖ୍ୟାରେ ଲୋକ ଯୋଗ ଦେଇ ଆଲୋଚନା କରିଥିଲେ। ଏହି ଅବସରରେ ମୁଖ୍ୟ ଅତିଥି ଭାବେ ଜିଲ୍ଲାର ବରିଷ୍ଠ ନେତା ଯୋଗଦେଇ ସମ୍ବୋଧିତ କରିଥିଲେ। ସଭାରେ ଅନ୍ୟମାନଙ୍କ ମଧ୍ୟରେ ସଦସ୍ୟମାନେ ଉପସ୍ଥିତ ରହି ମତାମତ ଦେଇଥିଲେ। ଏହି ଅଞ୍ଚଳରେ ଗତ କିଛିଦିନ ଧରି ବିଭିନ୍ନ ସମସ୍ୟା ଦେଖାଦେଇଛି। ସ୍ଥାନୀୟ ଲୋକମାନେ ପ୍ରଶାସନ ନିକଟରେ ଦାବି ଉପସ୍ଥାପନ କରିଛନ୍ତି। ଏନେଇ ଅଧିକାରୀମାନେ ତଦନ୍ତ କରି ଆବଶ୍ୟକ ପଦକ୍ଷେପ ନେବାକୁ ପ୍ରତିଶ୍ରୁତି ଦେଇଛନ୍ତି। କାର୍ଯ୍ୟକ୍ରମରେ ବହୁ ସଂଖ୍ୟାରେ ଲୋକ ଯୋଗ ଦେଇ ଆଲୋଚନା କରିଥିଲେ। ଏହି ଅବସରରେ ମୁଖ୍ୟ ଅତିଥି ଭାବେ ଜିଲ୍ଲାର ବରିଷ୍ଠ ନେତା ଯୋଗଦେଇ ସମ୍ବୋଧିତ କରିଥିଲେ। ସଭାରେ ଅନ୍ୟମାନଙ୍କ ମଧ୍ୟରେ ସଦସ୍ୟମାନେ ଉପସ୍ଥିତ ରହି ମତାମତ ଦେଇଥିଲେ।
ଏହି ଅଞ୍ଚଳରେ ଗତ କିଛିଦିନ ଧରି ବିଭିନ୍ନ ସମସ୍ୟା ଦେଖାଦେଇଛି। ସ୍ଥାନୀୟ ଲୋକମାନେ ପ୍ରଶାସନ ନିକଟରେ ଦାବି ଉପସ୍ଥାପନ କରିଛନ୍ତି। ଏନେଇ ଅଧିକାରୀମାନେ ତଦନ୍ତ କରି ଆବଶ୍ୟକ ପଦକ୍ଷେପ ନେବାକୁ ପ୍ରତିଶ୍ରୁତି ଦେଇଛନ୍ତି। କାର୍ଯ୍ୟକ୍ରମରେ ବହୁ ସଂଖ୍ୟାରେ ଲୋକ ଯୋଗ ଦେଇ ଆଲୋଚନା କରିଥିଲେ। ଏହି ଅବସରରେ ମୁଖ୍ୟ ଅତିଥି ଭାବେ ଜିଲ୍ଲାର ବରିଷ୍ଠ ନେତା ଯୋଗଦେଇ ସମ୍ବୋଧିତ କରିଥିଲେ। ସଭାରେ ଅନ୍ୟମାନଙ୍କ ମଧ୍ୟରେ ସଦସ୍ୟମାନେ ଉପସ୍ଥିତ ରହି ମତାମତ ଦେଇଥିଲେ। ଏହି ଅଞ୍ଚଳରେ ଗତ କିଛିଦିନ ଧରି ବିଭିନ୍ନ ସମସ୍ୟା ଦେଖାଦେଇଛି। ସ୍ଥାନୀୟ ଲୋକମାନେ ପ୍ରଶାସନ ନିକଟରେ ଦାବି ଉପସ୍ଥାପନ କରିଛନ୍ତି। ଏନେଇ ଅଧିକାରୀମାନେ ତଦନ୍ତ କରି ଆବଶ୍ୟକ ପଦକ୍ଷେପ ନେବାକୁ ପ୍ରତିଶ୍ରୁତି ଦେଇଛନ୍ତି। କାର୍ଯ୍ୟକ୍ରମରେ ବହୁ ସଂଖ୍ୟାରେ ଲୋକ ଯୋଗ ଦେଇ ଆଲୋଚନା କରିଥିଲେ। ଏହି ଅବସରରେ ମୁଖ୍ୟ ଅତିଥି ଭାବେ ଜିଲ୍ଲାର ବରିଷ୍ଠ ନେତା ଯୋଗଦେଇ ସମ୍ବୋଧିତ କରିଥିଲେ। ସଭାରେ ଅନ୍ୟମାନଙ୍କ ମଧ୍ୟରେ ସଦସ୍ୟମାନେ ଉପସ୍ଥିତ ରହି ମତାମତ ଦେଇଥିଲେ। ଏହି ଅଞ୍ଚଳରେ ଗତ କିଛିଦିନ ଧରି ବିଭିନ୍ନ ସମସ୍ୟା ଦେଖାଦେଇଛି। ସ୍ଥାନୀୟ ଲୋକମାନେ ପ୍ରଶାସନ ନିକଟରେ ଦାବି ଉପସ୍ଥାପନ କରିଛନ୍ତି। ଏନେଇ ଅଧିକାରୀମାନେ ତଦନ୍ତ କରି ଆବଶ୍ୟକ ପଦକ୍ଷେପ ନେବାକୁ ପ୍ରତିଶ୍ରୁତି ଦେଇଛନ୍ତି। କାର୍ଯ୍ୟକ୍ରମରେ ବହୁ ସଂଖ୍ୟାରେ ଲୋକ ଯୋଗ ଦେଇ ଆଲୋଚନା କରିଥିଲେ। ଏହି ଅବସରରେ ମୁଖ୍ୟ ଅତିଥି ଭାବେ ଜିଲ୍ଲାର ବରିଷ୍ଠ ନେତା ଯୋଗଦେଇ ସମ୍ବୋଧିତ କରିଥିଲେ। ସଭାରେ ଅନ୍ୟମାନଙ୍କ ମଧ୍ୟରେ ସଦସ୍ୟମାନେ ଉପସ୍ଥିତ ରହି ମତାମତ ଦେଇଥିଲେ।
ପ୍ରବୃଦ୍ଧ ବୁଦ୍ଧିଜୀବୀ ଶିବିର ଉଦଯାପିତ
ସମ୍ବଲପୁର ଏହି ଅଞ୍ଚଳରେ ଗତ କିଛିଦିନ ଧରି ବିଭିନ୍ନ ସମସ୍ୟା ଦେଖାଦେଇଛି। ସ୍ଥାନୀୟ ଲୋକମାନେ ପ୍ରଶାସନ ନିକଟରେ ଦାବି ଉପସ୍ଥାପନ କରିଛନ୍ତି। ଏନେଇ ଅଧିକାରୀମାନେ ତଦନ୍ତ କରି ଆବଶ୍ୟକ ପଦକ୍ଷେପ ନେବାକୁ ପ୍ରତିଶ୍ରୁତି ଦେଇଛନ୍ତି। କାର୍ଯ୍ୟକ୍ରମରେ ବହୁ ସଂଖ୍ୟାରେ ଲୋକ ଯୋଗ ଦେଇ ଆଲୋଚନା କରିଥିଲେ। ଏହି ଅବସରରେ ମୁଖ୍ୟ ଅତିଥି ଭାବେ ଜିଲ୍ଲାର ବରିଷ୍ଠ ନେତା ଯୋଗଦେଇ ସମ୍ବୋଧିତ କରିଥିଲେ। ସଭାରେ ଅନ୍ୟମାନଙ୍କ ମଧ୍ୟରେ ସଦସ୍ୟମାନେ ଉପସ୍ଥିତ ରହି ମତାମତ ଦେଇଥିଲେ। ଏହି ଅଞ୍ଚଳରେ ଗତ କିଛିଦିନ ଧରି ବିଭିନ୍ନ ସମସ୍ୟା ଦେଖାଦେଇଛି। ସ୍ଥାନୀୟ ଲୋକମାନେ ପ୍ରଶାସନ ନିକଟରେ ଦାବି ଉପସ୍ଥାପନ କରିଛନ୍ତି। ଏନେଇ ଅଧିକାରୀମାନେ ତଦନ୍ତ କରି ଆବଶ୍ୟକ ପଦକ୍ଷେପ ନେବାକୁ ପ୍ରତିଶ୍ରୁତି ଦେଇଛନ୍ତି। କାର୍ଯ୍ୟକ୍ରମରେ ବହୁ ସଂଖ୍ୟାରେ ଲୋକ ଯୋଗ ଦେଇ ଆଲୋଚନା କରିଥିଲେ। ଏହି ଅବସରରେ ମୁଖ୍ୟ ଅତିଥି ଭାବେ ଜିଲ୍ଲାର ବରିଷ୍ଠ ନେତା ଯୋଗଦେଇ ସମ୍ବୋଧିତ କରିଥିଲେ। ସଭାରେ ଅନ୍ୟମାନଙ୍କ ମଧ୍ୟରେ ସଦସ୍ୟମାନେ ଉପସ୍ଥିତ ରହି ମତାମତ ଦେଇଥିଲେ। ଏହି ଅଞ୍ଚଳରେ ଗତ କିଛିଦିନ ଧରି ବିଭିନ୍ନ ସମସ୍ୟା ଦେଖାଦେଇଛି। ସ୍ଥାନୀୟ ଲୋକମାନେ ପ୍ରଶାସନ ନିକଟରେ ଦାବି ଉପସ୍ଥାପନ କରିଛନ୍ତି। ଏନେଇ ଅଧିକାରୀମାନେ ତଦନ୍ତ କରି ଆବଶ୍ୟକ ପଦକ୍ଷେପ ନେବାକୁ ପ୍ରତିଶ୍ରୁତି ଦେଇଛନ୍ତି। କାର୍ଯ୍ୟକ୍ରମରେ ବହୁ ସଂଖ୍ୟାରେ ଲୋକ ଯୋଗ ଦେଇ ଆଲୋଚନା କରିଥିଲେ। ଏହି ଅବସରରେ ମୁଖ୍ୟ ଅତିଥି ଭାବେ ଜିଲ୍ଲାର ବରିଷ୍ଠ ନେତା ଯୋଗଦେଇ ସମ୍ବୋଧିତ କରିଥିଲେ। ସଭାରେ ଅନ୍ୟମାନଙ୍କ ମଧ୍ୟରେ ସଦସ୍ୟମାନେ ଉପସ୍ଥିତ ରହି ମତାମତ ଦେଇଥିଲେ।
ଏହି ଅଞ୍ଚଳରେ ଗତ କିଛିଦିନ ଧରି ବିଭିନ୍ନ ସମସ୍ୟା ଦେଖାଦେଇଛି। ସ୍ଥାନୀୟ ଲୋକମାନେ ପ୍ରଶାସନ ନିକଟରେ ଦାବି ଉପସ୍ଥାପନ କରିଛନ୍ତି। ଏନେଇ ଅଧିକାରୀମାନେ ତଦନ୍ତ କରି ଆବଶ୍ୟକ ପଦକ୍ଷେପ ନେବାକୁ ପ୍ରତିଶ୍ରୁତି ଦେଇଛନ୍ତି। କାର୍ଯ୍ୟକ୍ରମରେ ବହୁ ସଂଖ୍ୟାରେ ଲୋକ ଯୋଗ ଦେଇ ଆଲୋଚନା କରିଥିଲେ। ଏହି ଅବସରରେ ମୁଖ୍ୟ ଅତିଥି ଭାବେ ଜିଲ୍ଲାର ବରିଷ୍ଠ ନେତା ଯୋଗଦେଇ ସମ୍ବୋଧିତ କରିଥିଲେ। ସଭାରେ ଅନ୍ୟମାନଙ୍କ ମଧ୍ୟରେ ସଦସ୍ୟମାନେ ଉପସ୍ଥିତ ରହି ମତାମତ ଦେଇଥିଲେ। ଏହି ଅଞ୍ଚଳରେ ଗତ କିଛିଦିନ ଧରି ବିଭିନ୍ନ ସମସ୍ୟା ଦେଖାଦେଇଛି। ସ୍ଥାନୀୟ ଲୋକମାନେ ପ୍ରଶାସନ ନିକଟରେ ଦାବି ଉପସ୍ଥାପନ କରିଛନ୍ତି। ଏନେଇ ଅଧିକାରୀମାନେ ତଦନ୍ତ କରି ଆବଶ୍ୟକ ପଦକ୍ଷେପ ନେବାକୁ ପ୍ରତିଶ୍ରୁତି ଦେଇଛନ୍ତି। କାର୍ଯ୍ୟକ୍ରମରେ ବହୁ ସଂଖ୍ୟାରେ ଲୋକ ଯୋଗ ଦେଇ ଆଲୋଚନା କରିଥିଲେ। ଏହି ଅବସରରେ ମୁଖ୍ୟ ଅତିଥି ଭାବେ ଜିଲ୍ଲାର ବରିଷ୍ଠ ନେତା ଯୋଗଦେଇ ସମ୍ବୋଧିତ କରିଥିଲେ। ସଭାରେ ଅନ୍ୟମାନଙ୍କ ମଧ୍ୟରେ ସଦସ୍ୟମାନେ ଉପସ୍ଥିତ ରହି ମତାମତ ଦେଇଥିଲେ। ଏହି ଅଞ୍ଚଳରେ ଗତ କିଛିଦିନ ଧରି ବିଭିନ୍ନ ସମସ୍ୟା ଦେଖାଦେଇଛି। ସ୍ଥାନୀୟ ଲୋକମାନେ ପ୍ରଶାସନ ନିକଟରେ ଦାବି ଉପସ୍ଥାପନ କରିଛନ୍ତି। ଏନେଇ ଅଧିକାରୀମାନେ ତଦନ୍ତ କରି ଆବଶ୍ୟକ ପଦକ୍ଷେପ ନେବାକୁ ପ୍ରତିଶ୍ରୁତି ଦେଇଛନ୍ତି। କାର୍ଯ୍ୟକ୍ରମରେ ବହୁ ସଂଖ୍ୟାରେ ଲୋକ ଯୋଗ ଦେଇ ଆଲୋଚନା କରିଥିଲେ। ଏହି ଅବସରରେ ମୁଖ୍ୟ ଅତିଥି ଭାବେ ଜିଲ୍ଲାର ବରିଷ୍ଠ ନେତା ଯୋଗଦେଇ ସମ୍ବୋଧିତ କରିଥିଲେ। ସଭାରେ ଅନ୍ୟମାନଙ୍କ ମଧ୍ୟରେ ସଦସ୍ୟମାନେ ଉପସ୍ଥିତ ରହି ମତାମତ ଦେଇଥିଲେ।
